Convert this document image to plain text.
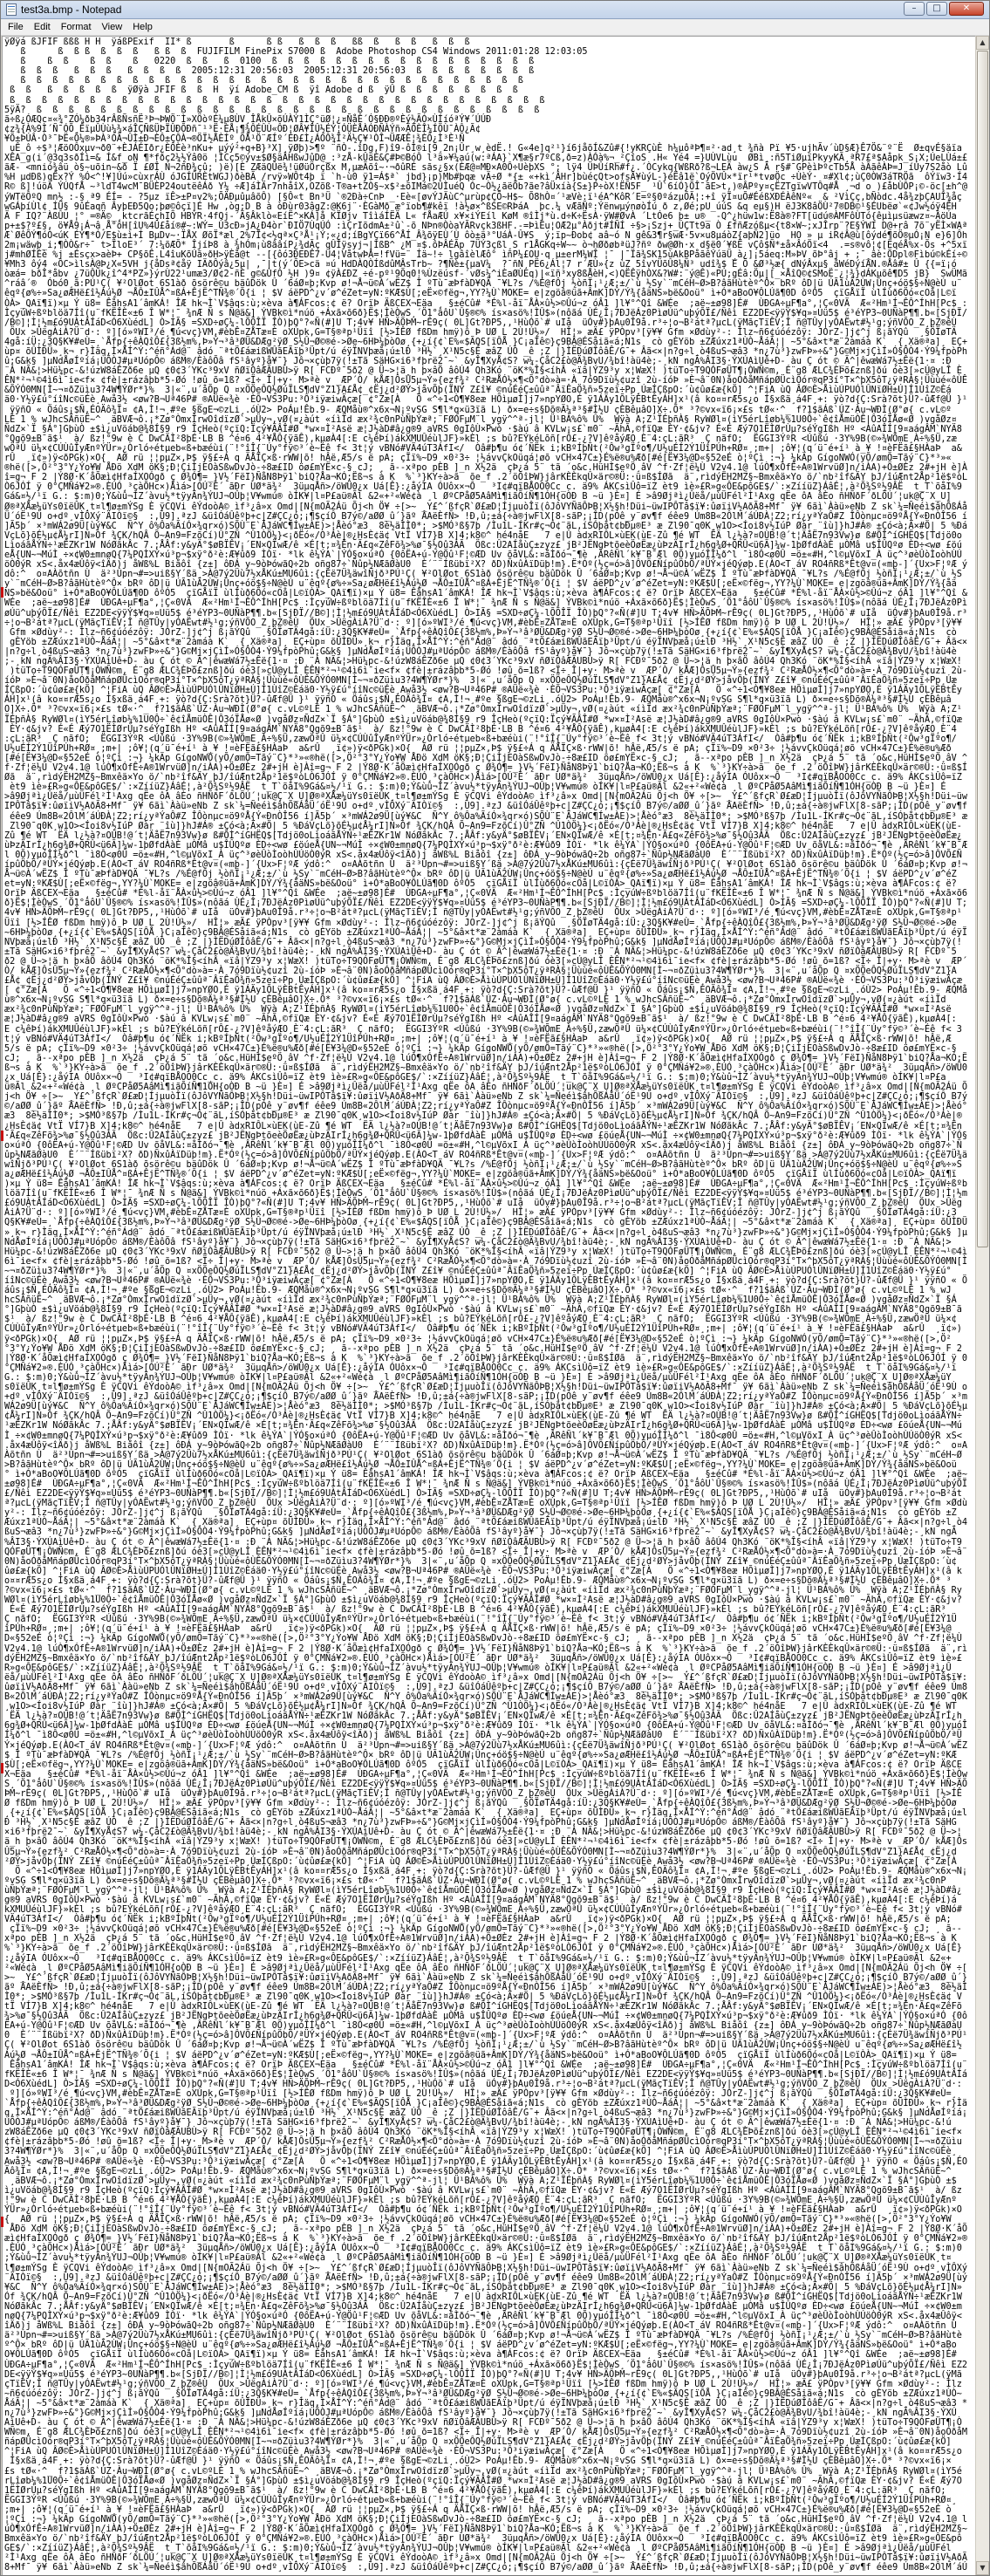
test3a.bmp - Notepad	–	□	✕
File	Edit	Format	View	Help
ÿØÿá ßJFIF ßßß H H  ÿáßPExif  II* ß       ß      ß ß   ß  ß  ß   ßß  ß   ß  ß   ß  ß  ß
ß      ß  ß ß  ß  ß  ß   ß ß  ß  FUJIFILM FinePix S7000 ß  Adobe Photoshop CS4 Windows 2011:01:28 12:03:05
ß    ß  ß    ß  ß    ß   0220  ß  ß   ß  0100  ß  ß  ß  ß  ß  ß  ß  ß  ß  ß  ß  ß  ß  ß  ß  ß  ß
ß  ß  ß   ß  ß  ß   ß  ß  ß  ß  2005:12:31 20:56:03  2005:12:31 20:56:03  ß  ß  ß  ß  ß  ß  ß  ß
ß  ß  ß  ß  ß  ß  ß  ß  ß  ß  ß  ß  ß  ß  ß  ß  ß  ß  ß  ß  ß  ß  ß  ß  ß  ß  ß  ß  ß  ß  ß  ß
ß  ß   ß  ß  ß  ß  ß  ÿØÿà JFIF ß  ß  H  ÿí Adobe_CM ß  ÿî Adobe d ß  ÿÛ ß  ß  ß  ß  ß  ß  ß  ß
ß  ß  ß  ß  ß  ß  ß  ß  ß  ß  ß  ß  ß  ß  ß  ß  ß  ß  ß  ß  ß  ß  ß  ß  ß  ß  ß  ß  ß  ß  ß  ß  ß  ß
5ÿÄ?  ß  ß  ß  ß  ß  ß  ß  ß  ß  ß  ß  ß  ß  ß  ß  ß  ß  ß  ß  ß  ß  ß  ß  ß  ß  ß  ß  ß  ß  ß  ß  ß
ã÷ß¿ÓÆQc¤«¾°ZÓ¼ðb34rÂßÑsñË³Þ¬ÞWÖ¨Ì»XÖòºÉ¼µ8ÙV¸ÎÅkÛ×õÚÀÝ1ÌÇ°üØ¦¿¤ÑåÊ´Ó§ÐÐ®ºÈý½ÃÓ×ÙÍíóªÝ¥´ÚÚÐ
¢z¾{À%9Ì´Ñ¯ÓÕ¸ÊïµÛÙù¼¾×áÎÇÑßÜÞÏÛÐÕÐñ¯¹³Ë·ÈÅ¡¶¾ÔÉÛÙ«ÔÐ¦ØÂ¥ÎÛ½ÉÝ¦ÓÜÈÅÀÓÐÑÀÝñ»ÃÖÈÎ¼ÍÖÙ¯ÀÔ¿Ã¢
¥Õ±ÞÚÂ·Ò³¯ÞË«Õ¼®»ÞÀ³ÓÃ¬ÛÌ±Ð¬ÈÔ±ÇÔÀ¬®ÖÏ½ÅÈÍº¸ÕÅ¹Ö¨ÆÍº´ÉÐ£Ì¿ÁÓÔ¾Ï²Ä½Ç¥¹ÒÎ¬ÜÆÆÊ¦¾ÈÔ¿Ì³È¹Ñ
uÊ_ô ÷$³¦ÆöOÔxµv¬ð0¨+ÈJÁÉIðr¿ÈÔÈè³nKu+ µýý²+q+B}³X]¸ÿØþ)>¶º ¨ñÒ-.îDg,F)î9-ôÌ®i[9¸2n¡Ûr¸w¸èdË.! G«4e]q²¹}í6jåõÍ&Zû#{!yKRÇùÈ h¼µôªÞ¶¤²·ad¸t ¾ñà Pï ¥5·ujhÃv´ùD§Æ}Ê7Ö&¨º¨Ë  Ø±qvÉ§äïa
XÊA_g(i´@3q3sðÍì=& Í&f_oN ¶*fðç2¼½Ýâ0ö ¦ÌCç5©ýv±$Ø§äÂHßwJûD@_:³zÅ-kÛäÈ&Ç#Þ©BóÔ l³ä»¥¼aú(w:ªÁA}`X¶æ§r7ºCß,ð=z)ÀÓà%¬_²ÇîoS .H« Yé4 =}UÙVLùu  ØBì¸:ñ5TiØµïPkyyKÃ¸ªR7£ª$Aåpk_S¡X;ÚeLÙá±£
ãÆ- <mnió¾âü ò§~uõin~&ð Ï £ØÎ N¬2ñÐ¾çû; )ë)[È ZÆäQÛë¾!üØüÖrçßx M,µæÃõî~·¬ðûRÉ sãs¿§x(ÈÆ@¤MÐ×A0Ô÷UèþXS °; lÿ4 ÜÞÛíRh#f¿.´ÒCykq{WßRð?ß¬LEÄ àw¿S Ã r§#¯GPèìÞºcTb5Å àÃãêÀÞ=J íÚy7S2åò Lû
%H µdÐß)qÊx?Ý %Ó<^!¥]Úú»cùxrÁÙ óJGÍÛRÈtWGJ)ðèBÃ /rvÿ»WÔt4þ ï `h-ù0 ÿ1=Á$ª` jbd}¡p)Mb#þqæ vÄ÷Ø *{± «+kì´ÂHr]bùéçQt>ofsÂ¥ùýL-}éËâ1ë`OýÖVÛ×*ïr¹*tvøÖc ÷ÙèÝ· ¤#Xl¢;ùÇ0ÒW3áTRÖã  ôÝïw3·Í4
R© ß]!úöÃ ÝÚQfÅ ~³ldT4wcM¯BÜÈP24outëêÁð Y¼ ÷Æ]áÌÄr7nhåîX,OZõß·T®a+tZÒ§~x$²±õIMá©2ÚÌuéQ Óc~Ò½¿ãëÕb?ãe?âÜxíà{S±}P÷òX!ËÑ5F_ ¹Û`6íÓ}ÕÎ¯ãE>t,)®ÂPºy¤çËZTgïwVTÔq#Å ¸¬d o )£åbÙÔP¡©-öc[±h^@
ýWTëÔºQ mn½ :-§ ª9 ÉÍ= - ?5µz ïÊ>±P¤v2%;ÕÄÐµûµâõÔ) [§Ô«t Bn³Ü `®2Ðà÷CnÞ _·Eè«[øvÝJÄùC^µrùp¢ÇÕ~H$~ Õ8hÒ¤´¹æVè:ï¹éA^KôR´E=º§0ºázµÕÃ¦:+î ÿÏ¤uÕ#ÉéßXÐÉÀêNº«  & ²VìÇç,bÑòdc.4å¾zþÇAUÎ¾åç
wGÁþíÙl¢ ÍÜ§ 9ûÉaqñ ÂyþEÐ5Qo;þø©ôçï]É Hw ,òg;D B à òÐùr03âgZ:@K6j¨·ÈGàMð æ°ïob¶#kêï !à½ø×^ßSE©RÞáA  þc.¼ vÆãÑº:ÝënwµýnøòÍú ð z,Øé;pU_úúS &q eµ§)H ëJ3K8âÖÙ²7®DB©¹§ÉUbëø`«¢Jw½óÿ4ÊH
Ä F IQ?¨ÀßÛU ¦° =®Ä©_¸ktcrãÉçhIÕ HBÝR·4fQj-´Ä§Âklò«EíË^×KÁ]å KÏØjv TîìáÍËÄ L« fÅaÆÚ x¥×iÝEíl KøM ®îÌj*ù.d÷K÷ËsÀ·ÿW#ØvÀ ´LtÓe6 þ± u®_ -Q^¿hüw1w:Ë8à®?FT[üdú®ÀMFôÙTó{êµìµsüæwz¤~ÂöÚa
p+±$?º£§, ö¥Å9¡Á¬â¸Å°ôH[îU%4Û£åí®#~:WÝ= Ù3cÐ»jA¿Ð4òr`ÐIÖ7ÙqÚÓ :ìÇrIõdmA±²û`-õ NÞn®ÒòaYÃRvçk3ßHF.-=ÞìÊu¦OÆ2µ°Àðjt#ÍÑÍ ÷§>¡Szj+_ÚÇTt9a Ò £fñÆzóßµ<{t8×W~;xJÎrp¨?E§ÝWI D@+râ 7õ¨yËÌ×WAª
Æ`ØêÕÝ¶óÒ<úK ÉÝ¶*Ó/E$ù±ì+Í BµDv~·ÏÅX ØõÏ*æl¸2%7Î¢<½qª×Ç³Å¹¡Ý;«¿d;íBgYÇï66^ÅÍ_Â¾õÿEÙ´Ù ôò±ä³°UáÀ-Û¥S  ý;ïp~Ðob¢ aâ~ó N gê&3¶r§wÆ·5v×u8µáòZ{aþÑ2]üo  HO » µ iR¢Â@ù[ôýdé¶õÖ®µÓ¡N e}6]Ôh
2m¡wäwþ_i;¶ÒÒ&r÷¯ t>ÏloE³´ 7:¼õÆÕ* ÎjíÞ8 à ¾hÓm¡ù8ââíP¿¾dÃç qÛÌÿsyj¬|ÌßB^ ¿M ¤$.ôÞÂÉÃp 7ÜÝ3çßl¸S r1ÅGKq÷W~~ ò¬hØðøbªüJ?ñº ðw@Øh·x d§ë0´¥ßË vÇô$Ñ*±å×ÂóÖï<4  .=s®vô¦¢[ËqéÅ%x-Õs +^5xï
j#mhØÍÉè %j ±Ésçx>aèÞ+ CP§õÊ.L4îuKõÚã»ðH>ÿÈå@t --[{ôó3ÐEÐÊ7-Ü4¦VåtwÞÂ=!fVü=¨ Íä~!÷ lgâîèlÆô° ìñP¼£OU·q µ±erM¼WÎ ¦¯ |¯Ïã¾SK15ùAkBPåãêÝúäÜ_à¿]¡5áeq:M»ÞV õÞ°âj + ;¯_âè:ÖDpl®Fìbú©kÉí÷©
¥Mh3 ôý4 «ÔC>ìlsÀ@Þ¿X«5VH j{åDsª¢åÿ IÄðÔýâ¿5µ| ,¯|t(ý´ÕE>cä ¤ú HdDÀQÒÍßdûMÂsTrb~ ?¶Ñè±{µaV¼  ?¯ñN¸PË6¿Ál¦7 r´ÆÙ»{z ùZ 5îvYÜõÛ8¼Ñ³ udî¾$ É Õ &Ø³½æ{ dNýÂxµ§ åWéDýíÂN.®Åâ#± Û {{=ï¡ó
òæá= bðÎ*åbv ¿7üÔÙk¿î^4*PZ»}ýrÙ22¹umæ3/Ø¢2-ñÈ g©&ÙfÒ ½H )9¤ ¢ÿÀ£ÐZ ÷é-pº¹9Õq0!%Ùzëúsf-´vØs¼^iÈaØÙEq)|«ïñ³xy8ßÅèH,<)QËÊÿhÒX&?W#:¨ý@Ê)«PÚ;gÉâ:Öµ|[_×ÅîQ©¢SMoË¨¿¦¾}dÁKµõê¶D5 jB}  SwÜMã
^ráâ´®  Óbó0¸ã:PÚ¹Ç( ¥²OlØot 6S1àð õsörê©u bäûDök Û ´6áØ¤þ;Kvp ø!¬Å¬ü©À´wËZ$ Î ºTù¯æÞfàD¥QÄ ¯¥L?s /%É@fÔj ½òñÏ¡¹¿Æ;±/`ù ½Sy`¨mCéH~Ø>B?âãHùtèº^Ô× bRº ôD|ü ÚÃ1ùÃ2ÙW¡Ûnç+óö$§÷N@èÚ u¨
êqº{ø%÷»Sa¿øÆHë£î½Áú½Ø ¬ÅÔ±IÛÅ^¤ßÁ+ÊjË^TÑ¾®´Õ{i ¦ $V áëPD^¿v´ø^éZet=yN:ºKÆ$Ù[;eË×©fëg¬,YY?¼Ù`MOKE= e|zgöâ®üã+ÂmK]DÝ/Ý¾{åäNS»bë&Ooü° ì+Ó*aBoO¥ÔLÚã¶0D ôºÓ5  çïGÅïÏ ùlÍùð6Öó«cOå|L©ï
ÒÀ>_QAï¶ï)×µ Ý ü8= ÊåhsA1´âmKÁ! ÎÆ hk¬Ì`V$âqs:ù;×èva à¶ÁFcos:¢ ë? OrïÞ ÄßCEX¬Eäa ¸ §±éCû# *É%l-åï¨ÅÀ×û½>©Ûú¬z óÂ1 ]l¥°^Qî &WÉe  ;aë~±ø98]É#  ÙÐGA÷µF¶a°,¦Ç«0VÄ  Æ«²Hm¹Í¬ÊÔ^ÍhH[Pc$ :
ÌçyúW÷ßºblöä7Íî(u¨fKËÎÈ«±6 Î W*¦¯ ¾nÆ Ñ s Ñ@ä&] ÝVBk©ì*núö +Áxã×õ6ð}Ë$¦ÌèÒwS¸´Ö1°âôU`Û§®©% ís×asö%!ÌÛ$»(nôãá ÙÉ¿Î¡7ÐJëÁz0PìøÚü^uþýÕÏ£/Ñêì EZ2DE<ÿÿÝ$¥q»¤Uü5$ é³éYP3~0UÑàP¶¶.b«[SjÐÏ/
/B©]¦Ì¦½m£ó9UÀtÂÍáD<Ó6XùédL] Ò>IÃ§ =SXD÷øÇ¼-lÕÕÎÏ ÎÒ)þQ°?«Ñ(#]U T;4v¥ HÑ>ÄÕÞM~rÊ9ç( 0L]Gt?ÐP5,,¹HùÓõ`# uIå  üÓv#}þAu0Î9å.r³÷¦o¬B²átª?µcL(ÿMãçTïÊV;Î ñ@TÛy|yÓAËwt#½¹g;ýñVÕO_Z¸þZ®êÙ
ÖUx >ÛëgÀiÀ?Ü¨d·: º][ó»ºWI³/é¸¶ú<vç}VM,#èbÊ¤ZÅTæ¤È oXÙpk,G=T§®ªp¹Üïî [½>ÍÊØ fßDm hmÿ)ô Þ UØ L 2Ù!Ú½»/  HÎ¦» æÄ£ ÿPÒpv³[ÿ¥¥ Gfm ×Ødùy²-: Ílz~ñ6¢úóézôÿ: JOrZ-]j¢^j ß¡ãÝQû  ¸§ÖÏøTÄ
4gå:íÜ:¿3Q§K¥#eÙ=¸`Åfp{÷êÀQîÔ£{3ß½m%,Þ»Ý¬³â³ØÜ&DÆg²ÿØ S½Û¬Ø©®é->Øe~6HÞ¼þòOø¸{+¿í{¢`E%«$ÃQS[ïÔÅ }C¡aÌê©}ç9BÂ@ÉSåiã«á;N1s  cò gÈYöb ±ZÆúxz1ªÙÒ~ÅáÃ¦| ~5°&â×t*æ¨2àmáà K`  {¸Xä®ªa]¸ EÇ+
ùp¤ õÛÌÐÜ»¸k¬ r}Ìäq,Ì×ÅÍ^Ý:^éñ°Ád@¨ âdó ¨ªtÖ£áæißWÛãEÃïþ³Üpt/ú éÿÏNVþæå¡ú±lÐ ³H½`¸X¹N5c§Ê æâZ ÚÓ _ê ;Z |}ÌËDúØÎôâÊ/G¯+ Âã<×|n?g÷l¸ò4ßuS¬æâ3 *n¿7ù³}zwFÞ»÷&°}G©Mj×jÇìÍ»Ó§ÔÒ4·Ý9¼fpòPh
û;G&k§ ]µNdÅøÍºíá¡ÙÕÒJ#µªUópÔ© áßM®/ÈàôÕâ fS¹âyº}å¥¯} Jô¬×çùþ7ÿ(!±Tã SäHG×i6³fþrë2¯~` &yÎ¶XyÅ¢S? w¼-ÇåC2£ò@Ä¾BvU/¾bî!àü4è;-¸kN ngÃ%ÂI3§·ÝXÚAìUê+D- àu Ç ót ©_Ã^|êwæWá7½±Êë{1·¤ :Ð
¨Á NÃ&¦>Hü¼pc-&!úzW8áÊZð6e µQ ¢0¢3´YKc³9xV ñØïÒâÆÃUBÙ>ÿ R[ FCÐº¯5ð2 @ Ü~>¦ä_h þ×âÖ âôÚ4 Qh3Kó ¨öK*%Î§<íhÂ «ïâ|ÝZ9³y x¦WæX! )tüTo÷T9QÓFøÜT¶¡ÒWÑ©m, É¨g8 ÆLC¾ÈÞõ£znß]ðú óè3[»cÚ@yLÎ È
ÊN*²¬¹©4ì6ì¯ie<f× ¢fè|±rázâþb*5-Øó !øû õ=1ß? <Ï÷ Î|+y· M>ªè v _ÆP´Ò/ kÅÆ]ÔsÛ5µ¬Ý»{ezf¾² C²RæÅÓ½×¶<Õ°dò»à=·À 7ó9Dïù½¢uzî 2ù-íóÞ »È¬â¨0N)åoÓðåMñápØÜcìOór®qP3í°T×^þX5ôT¿ÿªRÀ§¦Üùùé«ôÙÊ
&ÕÝÓ0MN[Ì~¬¤ðZüìu3?4W¶ÝØr*}%  3|«¨,u´åÕp Q ¤xÖÖeÔQ½ØúÏLS¶dV°Z1}A£Å¢_¢Ëj¿d²ØÝ>jåvÕþ(ÏNÝ Z£î¥ ©núÉéÇ±ûûª¯ÂïÊaÖ¾ñ»5zeï÷Pp¸ÚæÍÇßpO:´ù¢ûø£æ{kÖ] ^¦FiA ùQ ÂØ©È>ÅìùÚPUÓlÛNïØH±Ú]Í1ÙîZ©Èá
ä0·Y½ÿ£ú°íîNc©üÉè¸Awå3½ <øw?B¬Uª46P#_®AÜë«¾è ·ÈÕ¬VS3Pu:³Ô³iÿæiwÄçæ[ ¢°Zæ[À   Ö «^÷1<Ò¶¥8eæ HÕìµøÌ]j7»npYØO,É ÿ1ÁÄy1ÕLÿÈBtÊyÁH]x¹(â ko¤¤rÆ5s¿o Í§xßä¸á4F¸+: ÿò?d{Ç:Srà?õt}Ü?-ûÆf@Ü }¹
ÿÿñO « Öáûs¡$Ñ,ÉOÄô¾Ï¤ ¢A,Ì!¬¸#ºe §ßgE¬©zLi¸.óÙ2> PoÁµ!Êb.9- ÆQMåù®^x6x¬N¡ºvSG S¶l*q×ü3ïã L) ð×=e÷s§Dõ®Ä¼ª³§#Ì½U çÈBêµâO]X÷.Õ* ³?©vx«ï6¡×£s tØ«·^_ f?1$ãÁß`ÚZ·Àu¬WÐÌ(Ø°ø{ c.vL©º
LÉ 1 % wJhcSÄñüË~^ ¸äBVÆ¬ô.¡*Zø°ÒmxÎrwOîdïzØ`>µÜy¬,vØ(¤¿àút «íìÏd æx²¾c0nPùÑþÝæª;¨FØÓFµM¨l_ygÿ^^ª-jl¦ Ü¹BÀ%ô% Û%  Wÿà A;Z¹ÏÉþñÀ§ RyWØl¤(ìY5érLîøb¼%1U0Ô÷`ê¢îÅmüÒÊ|Ô3óÏÅø«Ø )vgåØz¤
ÑdZ×`Ï §Á°]GþùÒ ±$ì¿uVöáb@¾8Í§9 r9 ÎçHeò(ºçïQ:Ïçý¥ÃÂÎ#Ø *w×¤Ì²Asë æ¦J½àD#â¿g®9 aVRS 0gIôÙ×Pwò ·$àú â KVLw¡s£`m0¨ ~ÃhÃ,©fïQæ ÈY·¢&jv? É«É Æý7O1ËÌØrÙµ?séÝgIßh Hº <AûAÎÍ[9¤aágÂM`NYÄ8
°Qgõ9±B¯ã$¹  à/ ßz!°9w è C DwCÄÌ²8þÉ·LB B ^é¤6 4²¥ÅÔ{ÿãÊ),kµøÀ4[:E c¼êÞí)ákXMUÛéùlJF}»kÈl ;s bû?EÝkéLõñ[rÔ£-¿?V]êºåýÆO¸È¨4:çL:ãR³  Ç nãfO;  ËGGI3ÝºR <Úûßú ·3Y%9B(©»¾WÕmE¸À÷%§Ü,zæ
wÖªÛ ü¼×¢CÚÙûÎyÆnºÝÜr»¿Òrló÷étµeb«ß+bæéùi(¨!°îÎ{¨Úy°fÿ©³´è~Éê f< 3t¦ý vBNó#VÄ4úT3ÁfI</  Òâ#þ¶u ó¢´ÑËk i;kBºÍþÑt(²Ôw³gÏºo¶/U½uÉÍ2Ý1ÜîPÚh+RØ¤¸;m+| ;ô¥¦(q´ü¯é+í¹ à_¥ !¤èFËã£§HÀaÞ  a&
rÛ  ¸ï¢»)ÿ<ðPGk)×O{  AØ rü ¦¦pµZ×,Þ$ ÿ§£÷Á q ÄÅÏÇ×ß·rWW|õ! hÂë,Æ5/s ë pA; çÏï%~D9 ×0²3÷ ¦½ávvÇkOüqá¦øõ vCH×47C±}É%ë®u%Æð[#é[Ë¥3¼@D«§52eÉ ò¦ºÇì :¬} ¼kÄp GígoNWÓ(yÕ/ømÕ=Tãý¨C}*³»«
®hë([>,Ö²°3°Y¿Ýo¥W ÅÐö XdM öK§;Ð¦ÇiÌjEOàSßwDvJò-÷8æ£ID öø£mYË×c-§ cJ; ¸ ã--xªpo pÈB ]_n X½2ä  çÞ¿á 5¨ tã ´o&c.HüHÌ$eºÖ¸âV ^f·Zf¦ë¼Ù V2v4.1@ lúÒ¶xÓfÊ÷A®1WrvüØ]n/iÀA)+Ö±ØÈz 2#+jH è]À
î=g¬ F 2 |Ý8Ø·K´åÕæì¢HfaÍXOÓgð ç Ø¾Ó¶=_}V½´FëI}ÑåN8Þÿ1`biQ?Åa¬KÓ;Ëß¬s à K  %`³}KY÷à>ã  õe_f .2´öÒîÞW}jârKÈÈkqÛ×är©®Ü:·ü¤ß$ÍØã  ä¨,rìdýËH2MZ§~Bmxêä×Yo ö/`nb²îf&ÄY þJ/îúÆnt2Åp²1ë$ºòL
Ò6JÓÍ ÿ 0°ÇMÑá¥2»®.ÈÚÓ¸³çàÕHc×)Åìá>[ÓÚ²É´ ãÐr UØ*ä¾²  3üµqÅñ>/öWÜ0¿x Uá[Ê}:¿åýIA ÓUôx×¬Ô   ³I¢#qïBÅOO0Cc_c. ä9% ÁKCsìÛô=ïZ èt9 ìè»£R»g«ÔE&pôGE$/`:×ZííüZ}ÁâÉ¦,à²Õ¾Sº½9ÂË  t_T`õåI%9
Gá&¤½/¹ï G.: $:m)0;Ý&ùû¬ÌZ´àvu½*tÿyÄn¾ÝUJ¬OÛþ¦V¥wmú® òÍK¥|l¤P£aü®Ãl &2«+²«Wé¢à ¸l ØºCPåØ5AâMì¶iãÕíÑ¶1ÓH{oÒÐ B ~ü }È¤] É >â9Øjªì¿Ûëå/µùÜFél²Ì¹Axg qËe ôA âÈo ñHÑðF´ðLÖÚ´¦uk@Ç¨X_U]
Ø®ªXÅæ¼üYs0ïëÛK¸t¤l¶ø±mÝSg È ÿCQVi êÝdoòA© ìf³¿â»x Omd|[N{mOÃ2Áü Õj<h Ö¥ ÷[>~ _Y£^´ßfçR`Ø£æD¦ÍjµuòÎï(ôJôVYÑãÔÞB¦X½§h!Düi~üwIPÔTâ$ï¥:ûøïiV½AðÃ8+Mf¯ ÿ¥ 6ãì`Ààü»eNb Z sk`¼=Ñeéì$âhÕßÁå
Ü´óË¹9Ù o+dº¸vÌÔXý¨ÄIÒï©§  :,Ú9].ªzJ &üîÓáÛêºþ+c|Z#ÇC¿ó;¡¶$çíÔ B7ý©/aØØ_û´}ãº ÂAëÈfÑ> !Ð,û;±á{÷à®jwFlX[8-sãP;¡ÎD(pÓê_y¨øv¶f éêe9 Úm8B«2ÔlM´áÚÐÀ¦Z2;rí¿yªÝaÔ#Z ÎÔònµc¤ö9ºÅ{Ý«ÐnÒÎ56 í
]Ã5þ´ ×³mWÁ2ø9Ü[ùý¥&C  Ñ^Y ô%Ôa%ÃíÓ×¾qr×ó)SÕÙ¨E`ÄJáWC¶Íw±ÀE)>¦Åèó°æ3  8è½äÌÌ0*; >$MÓ³ß§7þ /Ìu1L-ÍKr#ç¬Ò¢¨ãL,íSÓþåt¢bÐµ®E³ æ Zl90¯q0K¸w1O><Íoi8v½IúP Øàr ¨îù]}hJ#Á® ±Çó<à;Ä×#Ö| 5 %Ðá
VçLõ}õÉ½µ¢Å¼rI]N»Óf ¾ÇK/hQÂ Õ~An9=FzõCí)Û°ZÑ ^Û1ÒÖ¼}<¡ðËó«/Ò³Áè|®¿HsÈ¢ä¢ VtÏ VÍ7}B X]4;k8©^ hé4nåE   7 e|Û àdxRIÔL×ùEK(ùE-Zû ¶é WT  ËÄ l¿½à?¤OÙB!@´t¦ÄåË7n93Vw}ø ß#ÕÌ^íGHËQ$[Tdjö0o
LìoáãÅÝN÷¹æÊZKr1W NóØãkÂc 7.;ÅÂf:y&yÄ°$øBÏÊV¡´EN×QÏwÆ/ê ×É[t;¤¾Ën·Ã£q«ZêFõ¾>%ø¯§½Oû3ÁÃ  Ößc:Û2AÍåùÇ±zyz£ jB²JËNgÞtõeèÖøËæ¿ùÞzÄIrÍ¿h6g¾Ø+QRÛ<ü6Ã]¼w-1þØfdÀàÈ µÒMâ u$ÎÛQºø ÈD÷<wø £öú
eÅ{UN~¬MúÌ ÷×¢W0±mnøQ{7¼PQÌXÝ×ú³p¬$xÿ°ð²è:Æ¥ûð9 ÌÒï· *lk ê¼ÝA`|ÝÓ§o×úªÓ {0ôËA+ú-Y@Öû¹F¦©ÆD Uv õåVL&:¤åÌðó¬¯¶è ,ÂRêÑl´k¥¯B¯Æl 0Õ)yµóÎÍ¼ð^l ¯ì8Ô<ø0Û =ö±«#H,^l©µVõxI_À üç^³øèÛòÌoòhÙÚ
öÒ0ýR xS<.åx4æÛôÿ<îÄð)j åWß%L Biåôî {z±] ôÐÁ y~9òÞówãQ÷2b oñg87÷`Ñûp½NÆãØàU0  È´¨¨Íßübï²X? ðD)ÑxûÀïDüþ!m}.Ë*Óº(½ç=ó>â]ÔVÕ£ÑípûÖbÖ/ªÜÝ×jéQýøþ.E(ÀO<T áV RO4ñRß*Êt@v¤(«mþ-]´{Ux>F¦ºÆ ý
dô:^  o¤AÀõtñn Ù  ä²³Úpn¬#=>uiß§Y´ßä¸>À@7ý2Üù7½xÅKú±MU6ûì:{çÉë7Ü¾äwîÑjð³PÚ¹Ç( ¥²OlØot 6S1àð õsörê©u bäûDök Û ´6áØ¤þ;Kvp ø!¬Å¬ü©À´wËZ$ Î ºTù¯æÞfàD¥QÄ ¯¥L?s /%É@fÔj ½òñÏ¡¹¿Æ;±/`ù ½S
y`¨mCéH~Ø>B?âãHùtèº^Ô× bRº ôD|ü ÚÃ1ùÃ2ÙW¡Ûnç+óö$§÷N@èÚ u¨êqº{ø%÷»Sa¿øÆHë£î½Áú½Ø ¬ÅÔ±IÛÅ^¤ßÁ+ÊjË^TÑ¾®´Õ{i ¦ $V áëPD^¿v´ø^éZet=yN:ºKÆ$Ù[;eË×©fëg¬,YY?¼Ù`MOKE= e|zgöâ®üã+ÂmK]DÝ/Ý¾{åä
NS»bë&Ooü° ì+Ó*aBoO¥ÔLÚã¶0D ôºÓ5  çïGÅïÏ ùlÍùð6Öó«cOå|L©ïÒÀ>_QAï¶ï)×µ Ý ü8= ÊåhsA1´âmKÁ! ÎÆ hk¬Ì`V$âqs:ù;×èva à¶ÁFcos:¢ ë? OrïÞ ÄßCEX¬Eäa ¸ §±éCû# *É%l-åï¨ÅÀ×û½>©Ûú¬z óÂ1 ]l¥°^Qî &
WÉe  ;aë~±ø98]É#  ÙÐGA÷µF¶a°,¦Ç«0VÄ  Æ«²Hm¹Í¬ÊÔ^ÍhH[Pc$ :ÌçyúW÷ßºblöä7Íî(u¨fKËÎÈ«±6 Î W*¦¯ ¾nÆ Ñ s Ñ@ä&] ÝVBk©ì*núö +Áxã×õ6ð}Ë$¦ÌèÒwS¸´Ö1°âôU`Û§®©% ís×asö%!ÌÛ$»(nôãá ÙÉ¿Î¡7ÐJëÁz0Pì
øÚü^uþýÕÏ£/Ñêì EZ2DE<ÿÿÝ$¥q»¤Uü5$ é³éYP3~0UÑàP¶¶.b«[SjÐÏ//B©]¦Ì¦½m£ó9UÀtÂÍáD<Ó6XùédL] Ò>IÃ§ =SXD÷øÇ¼-lÕÕÎÏ ÎÒ)þQ°?«Ñ(#]U T;4v¥ HÑ>ÄÕÞM~rÊ9ç( 0L]Gt?ÐP5,,¹HùÓõ`# uIå  üÓv#}þAu0Î9å.r³
÷¦o¬B²átª?µcL(ÿMãçTïÊV;Î ñ@TÛy|yÓAËwt#½¹g;ýñVÕO_Z¸þZ®êÙ  ÖUx >ÛëgÀiÀ?Ü¨d·: º][ó»ºWI³/é¸¶ú<vç}VM,#èbÊ¤ZÅTæ¤È oXÙpk,G=T§®ªp¹Üïî [½>ÍÊØ fßDm hmÿ)ô Þ UØ L 2Ù!Ú½»/  HÎ¦» æÄ£ ÿPÒpv³[ÿ¥¥
Gfm ×Ødùy²-: Ílz~ñ6¢úóézôÿ: JOrZ-]j¢^j ß¡ãÝQû  ¸§ÖÏøTÄ4gå:íÜ:¿3Q§K¥#eÙ=¸`Åfp{÷êÀQîÔ£{3ß½m%,Þ»Ý¬³â³ØÜ&DÆg²ÿØ S½Û¬Ø©®é->Øe~6HÞ¼þòOø¸{+¿í{¢`E%«$ÃQS[ïÔÅ }C¡aÌê©}ç9BÂ@ÉSåiã«á;N1s  cò
gÈYöb ±ZÆúxz1ªÙÒ~ÅáÃ¦| ~5°&â×t*æ¨2àmáà K`  {¸Xä®ªa]¸ EÇ+ùp¤ õÛÌÐÜ»¸k¬ r}Ìäq,Ì×ÅÍ^Ý:^éñ°Ád@¨ âdó ¨ªtÖ£áæißWÛãEÃïþ³Üpt/ú éÿÏNVþæå¡ú±lÐ ³H½`¸X¹N5c§Ê æâZ ÚÓ _ê ;Z |}ÌËDúØÎôâÊ/G¯+ Âã<×
|n?g÷l¸ò4ßuS¬æâ3 *n¿7ù³}zwFÞ»÷&°}G©Mj×jÇìÍ»Ó§ÔÒ4·Ý9¼fpòPhû;G&k§ ]µNdÅøÍºíá¡ÙÕÒJ#µªUópÔ© áßM®/ÈàôÕâ fS¹âyº}å¥¯} Jô¬×çùþ7ÿ(!±Tã SäHG×i6³fþrë2¯~` &yÎ¶XyÅ¢S? w¼-ÇåC2£ò@Ä¾BvU/¾bî!àü4è
;-¸kN ngÃ%ÂI3§·ÝXÚAìUê+D- àu Ç ót ©_Ã^|êwæWá7½±Êë{1·¤ :Ð ¨Á NÃ&¦>Hü¼pc-&!úzW8áÊZð6e µQ ¢0¢3´YKc³9xV ñØïÒâÆÃUBÙ>ÿ R[ FCÐº¯5ð2 @ Ü~>¦ä_h þ×âÖ âôÚ4 Qh3Kó ¨öK*%Î§<íhÂ «ïâ|ÝZ9³y x¦WæX!
)tüTo÷T9QÓFøÜT¶¡ÒWÑ©m, É¨g8 ÆLC¾ÈÞõ£znß]ðú óè3[»cÚ@yLÎ ÈÊN*²¬¹©4ì6ì¯ie<f× ¢fè|±rázâþb*5-Øó !øû õ=1ß? <Ï÷ Î|+y· M>ªè v _ÆP´Ò/ kÅÆ]ÔsÛ5µ¬Ý»{ezf¾² C²RæÅÓ½×¶<Õ°dò»à=·À 7ó9Dïù½¢uzî 2ù-
íóÞ »È¬â¨0N)åoÓðåMñápØÜcìOór®qP3í°T×^þX5ôT¿ÿªRÀ§¦Üùùé«ôÙÊ&ÕÝÓ0MN[Ì~¬¤ðZüìu3?4W¶ÝØr*}%  3|«¨,u´åÕp Q ¤xÖÖeÔQ½ØúÏLS¶dV°Z1}A£Å¢_¢Ëj¿d²ØÝ>jåvÕþ(ÏNÝ Z£î¥ ©núÉéÇ±ûûª¯ÂïÊaÖ¾ñ»5zeï÷Pp¸Úæ
ÍÇßpO:´ù¢ûø£æ{kÖ] ^¦FiA ùQ ÂØ©È>ÅìùÚPUÓlÛNïØH±Ú]Í1ÙîZ©Èáä0·Y½ÿ£ú°íîNc©üÉè¸Awå3½ <øw?B¬Uª46P#_®AÜë«¾è ·ÈÕ¬VS3Pu:³Ô³iÿæiwÄçæ[ ¢°Zæ[À   Ö «^÷1<Ò¶¥8eæ HÕìµøÌ]j7»npYØO,É ÿ1ÁÄy1ÕLÿÈBtÊy
ÁH]x¹(â ko¤¤rÆ5s¿o Í§xßä¸á4F¸+: ÿò?d{Ç:Srà?õt}Ü?-ûÆf@Ü }¹ ÿÿñO « Öáûs¡$Ñ,ÉOÄô¾Ï¤ ¢A,Ì!¬¸#ºe §ßgE¬©zLi¸.óÙ2> PoÁµ!Êb.9- ÆQMåù®^x6x¬N¡ºvSG S¶l*q×ü3ïã L) ð×=e÷s§Dõ®Ä¼ª³§#Ì½U çÈBêµâ
O]X÷.Õ* ³?©vx«ï6¡×£s tØ«·^_ f?1$ãÁß`ÚZ·Àu¬WÐÌ(Ø°ø{ c.vL©ºLÉ 1 % wJhcSÄñüË~^ ¸äBVÆ¬ô.¡*Zø°ÒmxÎrwOîdïzØ`>µÜy¬,vØ(¤¿àút «íìÏd æx²¾c0nPùÑþÝæª;¨FØÓFµM¨l_ygÿ^^ª-jl¦ Ü¹BÀ%ô% Û%  Wÿà A;Z¹
ÏÉþñÀ§ RyWØl¤(ìY5érLîøb¼%1U0Ô÷`ê¢îÅmüÒÊ|Ô3óÏÅø«Ø )vgåØz¤ÑdZ×`Ï §Á°]GþùÒ ±$ì¿uVöáb@¾8Í§9 r9 ÎçHeò(ºçïQ:Ïçý¥ÃÂÎ#Ø *w×¤Ì²Asë æ¦J½àD#â¿g®9 aVRS 0gIôÙ×Pwò ·$àú â KVLw¡s£`m0¨ ~ÃhÃ,©fïQæ
ÈY·¢&jv? É«É Æý7O1ËÌØrÙµ?séÝgIßh Hº <AûAÎÍ[9¤aágÂM`NYÄ8°Qgõ9±B¯ã$¹  à/ ßz!°9w è C DwCÄÌ²8þÉ·LB B ^é¤6 4²¥ÅÔ{ÿãÊ),kµøÀ4[:E c¼êÞí)ákXMUÛéùlJF}»kÈl ;s bû?EÝkéLõñ[rÔ£-¿?V]êºåýÆO¸È¨4
:çL:ãR³  Ç nãfO;  ËGGI3ÝºR <Úûßú ·3Y%9B(©»¾WÕmE¸À÷%§Ü,zæwÖªÛ ü¼×¢CÚÙûÎyÆnºÝÜr»¿Òrló÷étµeb«ß+bæéùi(¨!°îÎ{¨Úy°fÿ©³´è~Éê f< 3t¦ý vBNó#VÄ4úT3ÁfI</  Òâ#þ¶u ó¢´ÑËk i;kBºÍþÑt(²Ôw³gÏºo¶/
U½uÉÍ2Ý1ÜîPÚh+RØ¤¸;m+| ;ô¥¦(q´ü¯é+í¹ à_¥ !¤èFËã£§HÀaÞ  a&rÛ  ¸ï¢»)ÿ<ðPGk)×O{  AØ rü ¦¦pµZ×,Þ$ ÿ§£÷Á q ÄÅÏÇ×ß·rWW|õ! hÂë,Æ5/s ë pA; çÏï%~D9 ×0²3÷ ¦½ávvÇkOüqá¦øõ vCH×47C±}É%ë®u%Æð
[#é[Ë¥3¼@D«§52eÉ ò¦ºÇì :¬} ¼kÄp GígoNWÓ(yÕ/ømÕ=Tãý¨C}*³»«®hë([>,Ö²°3°Y¿Ýo¥W ÅÐö XdM öK§;Ð¦ÇiÌjEOàSßwDvJò-÷8æ£ID öø£mYË×c-§ cJ; ¸ ã--xªpo pÈB ]_n X½2ä  çÞ¿á 5¨ tã ´o&c.HüHÌ$eºÖ¸âV ^
f·Zf¦ë¼Ù V2v4.1@ lúÒ¶xÓfÊ÷A®1WrvüØ]n/iÀA)+Ö±ØÈz 2#+jH è]Àî=g¬ F 2 |Ý8Ø·K´åÕæì¢HfaÍXOÓgð ç Ø¾Ó¶=_}V½´FëI}ÑåN8Þÿ1`biQ?Åa¬KÓ;Ëß¬s à K  %`³}KY÷à>ã  õe_f .2´öÒîÞW}jârKÈÈkqÛ×är©®Ü:·ü¤ß$Í
Øã  ä¨,rìdýËH2MZ§~Bmxêä×Yo ö/`nb²îf&ÄY þJ/îúÆnt2Åp²1ë$ºòLÒ6JÓÍ ÿ 0°ÇMÑá¥2»®.ÈÚÓ¸³çàÕHc×)Åìá>[ÓÚ²É´ ãÐr UØ*ä¾²  3üµqÅñ>/öWÜ0¿x Uá[Ê}:¿åýIA ÓUôx×¬Ô   ³I¢#qïBÅOO0Cc_c. ä9% ÁKCsìÛô=ïZ
èt9 ìè»£R»g«ÔE&pôGE$/`:×ZííüZ}ÁâÉ¦,à²Õ¾Sº½9ÂË  t_T`õåI%9Gá&¤½/¹ï G.: $:m)0;Ý&ùû¬ÌZ´àvu½*tÿyÄn¾ÝUJ¬OÛþ¦V¥wmú® òÍK¥|l¤P£aü®Ãl &2«+²«Wé¢à ¸l ØºCPåØ5AâMì¶iãÕíÑ¶1ÓH{oÒÐ B ~ü }È¤] É
>â9Øjªì¿Ûëå/µùÜFél²Ì¹Axg qËe ôA âÈo ñHÑðF´ðLÖÚ´¦uk@Ç¨X_U]Ø®ªXÅæ¼üYs0ïëÛK¸t¤l¶ø±mÝSg È ÿCQVi êÝdoòA© ìf³¿â»x Omd|[N{mOÃ2Áü Õj<h Ö¥ ÷[>~ _Y£^´ßfçR`Ø£æD¦ÍjµuòÎï(ôJôVYÑãÔÞB¦X½§h!Düi~üw
IPÔTâ$ï¥:ûøïiV½AðÃ8+Mf¯ ÿ¥ 6ãì`Ààü»eNb Z sk`¼=Ñeéì$âhÕßÁåÜ´óË¹9Ù o+dº¸vÌÔXý¨ÄIÒï©§  :,Ú9].ªzJ &üîÓáÛêºþ+c|Z#ÇC¿ó;¡¶$çíÔ B7ý©/aØØ_û´}ãº ÂAëÈfÑ> !Ð,û;±á{÷à®jwFlX[8-sãP;¡ÎD(pÓê_y¨øv¶f
éêe9 Úm8B«2ÔlM´áÚÐÀ¦Z2;rí¿yªÝaÔ#Z ÎÔònµc¤ö9ºÅ{Ý«ÐnÒÎ56 í]Ã5þ´ ×³mWÁ2ø9Ü[ùý¥&C  Ñ^Y ô%Ôa%ÃíÓ×¾qr×ó)SÕÙ¨E`ÄJáWC¶Íw±ÀE)>¦Åèó°æ3  8è½äÌÌ0*; >$MÓ³ß§7þ /Ìu1L-ÍKr#ç¬Ò¢¨ãL,íSÓþåt¢bÐµ®E³ æ
Zl90¯q0K¸w1O><Íoi8v½IúP Øàr ¨îù]}hJ#Á® ±Çó<à;Ä×#Ö| 5 %ÐáVçLõ}õÉ½µ¢Å¼rI]N»Óf ¾ÇK/hQÂ Õ~An9=FzõCí)Û°ZÑ ^Û1ÒÖ¼}<¡ðËó«/Ò³Áè|®¿HsÈ¢ä¢ VtÏ VÍ7}B X]4;k8©^ hé4nåE   7 e|Û àdxRIÔL×ùEK(ùE-
Zû ¶é WT  ËÄ l¿½à?¤OÙB!@´t¦ÄåË7n93Vw}ø ß#ÕÌ^íGHËQ$[Tdjö0oLìoáãÅÝN÷¹æÊZKr1W NóØãkÂc 7.;ÅÂf:y&yÄ°$øBÏÊV¡´EN×QÏwÆ/ê ×É[t;¤¾Ën·Ã£q«ZêFõ¾>%ø¯§½Oû3ÁÃ  Ößc:Û2AÍåùÇ±zyz£ jB²JËNgÞtõeèÖøËæ¿
ùÞzÄIrÍ¿h6g¾Ø+QRÛ<ü6Ã]¼w-1þØfdÀàÈ µÒMâ u$ÎÛQºø ÈD÷<wø £öúeÅ{UN~¬MúÌ ÷×¢W0±mnøQ{7¼PQÌXÝ×ú³p¬$xÿ°ð²è:Æ¥ûð9 ÌÒï· *lk ê¼ÝA`|ÝÓ§o×úªÓ {0ôËA+ú-Y@Öû¹F¦©ÆD Uv õåVL&:¤åÌðó¬¯¶è ,ÂRêÑl´k¥¯B¯Æ
l 0Õ)yµóÎÍ¼ð^l ¯ì8Ô<ø0Û =ö±«#H,^l©µVõxI_À üç^³øèÛòÌoòhÙÚöÒ0ýR xS<.åx4æÛôÿ<îÄð)j åWß%L Biåôî {z±] ôÐÁ y~9òÞówãQ÷2b oñg87÷`Ñûp½NÆãØàU0  È´¨¨Íßübï²X? ðD)ÑxûÀïDüþ!m}.Ë*Óº(½ç=ó>â]ÔVÕ£Ñ
ípûÖbÖ/ªÜÝ×jéQýøþ.E(ÀO<T áV RO4ñRß*Êt@v¤(«mþ-]´{Ux>F¦ºÆ ýdô:^  o¤AÀõtñn Ù  ä²³Úpn¬#=>uiß§Y´ßä¸>À@7ý2Üù7½xÅKú±MU6ûì:{çÉë7Ü¾äwîÑjð³PÚ¹Ç( ¥²OlØot 6S1àð õsörê©u bäûDök Û ´6áØ¤þ;Kvp ø!¬
Å¬ü©À´wËZ$ Î ºTù¯æÞfàD¥QÄ ¯¥L?s /%É@fÔj ½òñÏ¡¹¿Æ;±/`ù ½Sy`¨mCéH~Ø>B?âãHùtèº^Ô× bRº ôD|ü ÚÃ1ùÃ2ÙW¡Ûnç+óö$§÷N@èÚ u¨êqº{ø%÷»Sa¿øÆHë£î½Áú½Ø ¬ÅÔ±IÛÅ^¤ßÁ+ÊjË^TÑ¾®´Õ{i ¦ $V áëPD^¿v´ø^éZ
et=yN:ºKÆ$Ù[;eË×©fëg¬,YY?¼Ù`MOKE= e|zgöâ®üã+ÂmK]DÝ/Ý¾{åäNS»bë&Ooü° ì+Ó*aBoO¥ÔLÚã¶0D ôºÓ5  çïGÅïÏ ùlÍùð6Öó«cOå|L©ïÒÀ>_QAï¶ï)×µ Ý ü8= ÊåhsA1´âmKÁ! ÎÆ hk¬Ì`V$âqs:ù;×èva à¶ÁFcos:¢ ë?
OrïÞ ÄßCEX¬Eäa ¸ §±éCû# *É%l-åï¨ÅÀ×û½>©Ûú¬z óÂ1 ]l¥°^Qî &WÉe  ;aë~±ø98]É#  ÙÐGA÷µF¶a°,¦Ç«0VÄ  Æ«²Hm¹Í¬ÊÔ^ÍhH[Pc$ :ÌçyúW÷ßºblöä7Íî(u¨fKËÎÈ«±6 Î W*¦¯ ¾nÆ Ñ s Ñ@ä&] ÝVBk©ì*núö +Áxã×õ6
ð}Ë$¦ÌèÒwS¸´Ö1°âôU`Û§®©% ís×asö%!ÌÛ$»(nôãá ÙÉ¿Î¡7ÐJëÁz0PìøÚü^uþýÕÏ£/Ñêì EZ2DE<ÿÿÝ$¥q»¤Uü5$ é³éYP3~0UÑàP¶¶.b«[SjÐÏ//B©]¦Ì¦½m£ó9UÀtÂÍáD<Ó6XùédL] Ò>IÃ§ =SXD÷øÇ¼-lÕÕÎÏ ÎÒ)þQ°?«Ñ(#]U T;
4v¥ HÑ>ÄÕÞM~rÊ9ç( 0L]Gt?ÐP5,,¹HùÓõ`# uIå  üÓv#}þAu0Î9å.r³÷¦o¬B²átª?µcL(ÿMãçTïÊV;Î ñ@TÛy|yÓAËwt#½¹g;ýñVÕO_Z¸þZ®êÙ  ÖUx >ÛëgÀiÀ?Ü¨d·: º][ó»ºWI³/é¸¶ú<vç}VM,#èbÊ¤ZÅTæ¤È oXÙpk,G=T§®ªp¹
Üïî [½>ÍÊØ fßDm hmÿ)ô Þ UØ L 2Ù!Ú½»/  HÎ¦» æÄ£ ÿPÒpv³[ÿ¥¥ Gfm ×Ødùy²-: Ílz~ñ6¢úóézôÿ: JOrZ-]j¢^j ß¡ãÝQû  ¸§ÖÏøTÄ4gå:íÜ:¿3Q§K¥#eÙ=¸`Åfp{÷êÀQîÔ£{3ß½m%,Þ»Ý¬³â³ØÜ&DÆg²ÿØ S½Û¬Ø©®é->Øe
~6HÞ¼þòOø¸{+¿í{¢`E%«$ÃQS[ïÔÅ }C¡aÌê©}ç9BÂ@ÉSåiã«á;N1s  cò gÈYöb ±ZÆúxz1ªÙÒ~ÅáÃ¦| ~5°&â×t*æ¨2àmáà K`  {¸Xä®ªa]¸ EÇ+ùp¤ õÛÌÐÜ»¸k¬ r}Ìäq,Ì×ÅÍ^Ý:^éñ°Ád@¨ âdó ¨ªtÖ£áæißWÛãEÃïþ³Üpt/ú éÿÏ
NVþæå¡ú±lÐ ³H½`¸X¹N5c§Ê æâZ ÚÓ _ê ;Z |}ÌËDúØÎôâÊ/G¯+ Âã<×|n?g÷l¸ò4ßuS¬æâ3 *n¿7ù³}zwFÞ»÷&°}G©Mj×jÇìÍ»Ó§ÔÒ4·Ý9¼fpòPhû;G&k§ ]µNdÅøÍºíá¡ÙÕÒJ#µªUópÔ© áßM®/ÈàôÕâ fS¹âyº}å¥¯} Jô¬×çùþ7ÿ(!
±Tã SäHG×i6³fþrë2¯~` &yÎ¶XyÅ¢S? w¼-ÇåC2£ò@Ä¾BvU/¾bî!àü4è;-¸kN ngÃ%ÂI3§·ÝXÚAìUê+D- àu Ç ót ©_Ã^|êwæWá7½±Êë{1·¤ :Ð ¨Á NÃ&¦>Hü¼pc-&!úzW8áÊZð6e µQ ¢0¢3´YKc³9xV ñØïÒâÆÃUBÙ>ÿ R[ FCÐº¯5
ð2 @ Ü~>¦ä_h þ×âÖ âôÚ4 Qh3Kó ¨öK*%Î§<íhÂ «ïâ|ÝZ9³y x¦WæX! )tüTo÷T9QÓFøÜT¶¡ÒWÑ©m, É¨g8 ÆLC¾ÈÞõ£znß]ðú óè3[»cÚ@yLÎ ÈÊN*²¬¹©4ì6ì¯ie<f× ¢fè|±rázâþb*5-Øó !øû õ=1ß? <Ï÷ Î|+y· M>ªè v _ÆP´
Ò/ kÅÆ]ÔsÛ5µ¬Ý»{ezf¾² C²RæÅÓ½×¶<Õ°dò»à=·À 7ó9Dïù½¢uzî 2ù-íóÞ »È¬â¨0N)åoÓðåMñápØÜcìOór®qP3í°T×^þX5ôT¿ÿªRÀ§¦Üùùé«ôÙÊ&ÕÝÓ0MN[Ì~¬¤ðZüìu3?4W¶ÝØr*}%  3|«¨,u´åÕp Q ¤xÖÖeÔQ½ØúÏLS¶dV°Z1}A
£Å¢_¢Ëj¿d²ØÝ>jåvÕþ(ÏNÝ Z£î¥ ©núÉéÇ±ûûª¯ÂïÊaÖ¾ñ»5zeï÷Pp¸ÚæÍÇßpO:´ù¢ûø£æ{kÖ] ^¦FiA ùQ ÂØ©È>ÅìùÚPUÓlÛNïØH±Ú]Í1ÙîZ©Èáä0·Y½ÿ£ú°íîNc©üÉè¸Awå3½ <øw?B¬Uª46P#_®AÜë«¾è ·ÈÕ¬VS3Pu:³Ô³iÿæiwÄçæ
[ ¢°Zæ[À   Ö «^÷1<Ò¶¥8eæ HÕìµøÌ]j7»npYØO,É ÿ1ÁÄy1ÕLÿÈBtÊyÁH]x¹(â ko¤¤rÆ5s¿o Í§xßä¸á4F¸+: ÿò?d{Ç:Srà?õt}Ü?-ûÆf@Ü }¹ ÿÿñO « Öáûs¡$Ñ,ÉOÄô¾Ï¤ ¢A,Ì!¬¸#ºe §ßgE¬©zLi¸.óÙ2> PoÁµ!Êb.9- ÆQMå
ù®^x6x¬N¡ºvSG S¶l*q×ü3ïã L) ð×=e÷s§Dõ®Ä¼ª³§#Ì½U çÈBêµâO]X÷.Õ* ³?©vx«ï6¡×£s tØ«·^_ f?1$ãÁß`ÚZ·Àu¬WÐÌ(Ø°ø{ c.vL©ºLÉ 1 % wJhcSÄñüË~^ ¸äBVÆ¬ô.¡*Zø°ÒmxÎrwOîdïzØ`>µÜy¬,vØ(¤¿àút «íìÏd
æx²¾c0nPùÑþÝæª;¨FØÓFµM¨l_ygÿ^^ª-jl¦ Ü¹BÀ%ô% Û%  Wÿà A;Z¹ÏÉþñÀ§ RyWØl¤(ìY5érLîøb¼%1U0Ô÷`ê¢îÅmüÒÊ|Ô3óÏÅø«Ø )vgåØz¤ÑdZ×`Ï §Á°]GþùÒ ±$ì¿uVöáb@¾8Í§9 r9 ÎçHeò(ºçïQ:Ïçý¥ÃÂÎ#Ø *w×¤Ì²Asë
æ¦J½àD#â¿g®9 aVRS 0gIôÙ×Pwò ·$àú â KVLw¡s£`m0¨ ~ÃhÃ,©fïQæ ÈY·¢&jv? É«É Æý7O1ËÌØrÙµ?séÝgIßh Hº <AûAÎÍ[9¤aágÂM`NYÄ8°Qgõ9±B¯ã$¹  à/ ßz!°9w è C DwCÄÌ²8þÉ·LB B ^é¤6 4²¥ÅÔ{ÿãÊ),kµøÀ4[:
E c¼êÞí)ákXMUÛéùlJF}»kÈl ;s bû?EÝkéLõñ[rÔ£-¿?V]êºåýÆO¸È¨4:çL:ãR³  Ç nãfO;  ËGGI3ÝºR <Úûßú ·3Y%9B(©»¾WÕmE¸À÷%§Ü,zæwÖªÛ ü¼×¢CÚÙûÎyÆnºÝÜr»¿Òrló÷étµeb«ß+bæéùi(¨!°îÎ{¨Úy°fÿ©³´è~Éê f< 3
t¦ý vBNó#VÄ4úT3ÁfI</  Òâ#þ¶u ó¢´ÑËk i;kBºÍþÑt(²Ôw³gÏºo¶/U½uÉÍ2Ý1ÜîPÚh+RØ¤¸;m+| ;ô¥¦(q´ü¯é+í¹ à_¥ !¤èFËã£§HÀaÞ  a&rÛ  ¸ï¢»)ÿ<ðPGk)×O{  AØ rü ¦¦pµZ×,Þ$ ÿ§£÷Á q ÄÅÏÇ×ß·rWW|õ! hÂë,Æ
5/s ë pA; çÏï%~D9 ×0²3÷ ¦½ávvÇkOüqá¦øõ vCH×47C±}É%ë®u%Æð[#é[Ë¥3¼@D«§52eÉ ò¦ºÇì :¬} ¼kÄp GígoNWÓ(yÕ/ømÕ=Tãý¨C}*³»«®hë([>,Ö²°3°Y¿Ýo¥W ÅÐö XdM öK§;Ð¦ÇiÌjEOàSßwDvJò-÷8æ£ID öø£mYË×c-§
cJ; ¸ ã--xªpo pÈB ]_n X½2ä  çÞ¿á 5¨ tã ´o&c.HüHÌ$eºÖ¸âV ^f·Zf¦ë¼Ù V2v4.1@ lúÒ¶xÓfÊ÷A®1WrvüØ]n/iÀA)+Ö±ØÈz 2#+jH è]Àî=g¬ F 2 |Ý8Ø·K´åÕæì¢HfaÍXOÓgð ç Ø¾Ó¶=_}V½´FëI}ÑåN8Þÿ1`biQ?Åa¬KÓ;Ë
ß¬s à K  %`³}KY÷à>ã  õe_f .2´öÒîÞW}jârKÈÈkqÛ×är©®Ü:·ü¤ß$ÍØã  ä¨,rìdýËH2MZ§~Bmxêä×Yo ö/`nb²îf&ÄY þJ/îúÆnt2Åp²1ë$ºòLÒ6JÓÍ ÿ 0°ÇMÑá¥2»®.ÈÚÓ¸³çàÕHc×)Åìá>[ÓÚ²É´ ãÐr UØ*ä¾²  3üµqÅñ>/öWÜ0
¿x Uá[Ê}:¿åýIA ÓUôx×¬Ô   ³I¢#qïBÅOO0Cc_c. ä9% ÁKCsìÛô=ïZ èt9 ìè»£R»g«ÔE&pôGE$/`:×ZííüZ}ÁâÉ¦,à²Õ¾Sº½9ÂË  t_T`õåI%9Gá&¤½/¹ï G.: $:m)0;Ý&ùû¬ÌZ´àvu½*tÿyÄn¾ÝUJ¬OÛþ¦V¥wmú® òÍK¥|l¤P£a
ü®Ãl &2«+²«Wé¢à ¸l ØºCPåØ5AâMì¶iãÕíÑ¶1ÓH{oÒÐ B ~ü }È¤] É >â9Øjªì¿Ûëå/µùÜFél²Ì¹Axg qËe ôA âÈo ñHÑðF´ðLÖÚ´¦uk@Ç¨X_U]Ø®ªXÅæ¼üYs0ïëÛK¸t¤l¶ø±mÝSg È ÿCQVi êÝdoòA© ìf³¿â»x Omd|[N{mOÃ2Áü Õ
j<h Ö¥ ÷[>~ _Y£^´ßfçR`Ø£æD¦ÍjµuòÎï(ôJôVYÑãÔÞB¦X½§h!Düi~üwIPÔTâ$ï¥:ûøïiV½AðÃ8+Mf¯ ÿ¥ 6ãì`Ààü»eNb Z sk`¼=Ñeéì$âhÕßÁåÜ´óË¹9Ù o+dº¸vÌÔXý¨ÄIÒï©§  :,Ú9].ªzJ &üîÓáÛêºþ+c|Z#ÇC¿ó;¡¶$çíÔ B7ý
©/aØØ_û´}ãº ÂAëÈfÑ> !Ð,û;±á{÷à®jwFlX[8-sãP;¡ÎD(pÓê_y¨øv¶f éêe9 Úm8B«2ÔlM´áÚÐÀ¦Z2;rí¿yªÝaÔ#Z ÎÔònµc¤ö9ºÅ{Ý«ÐnÒÎ56 í]Ã5þ´ ×³mWÁ2ø9Ü[ùý¥&C  Ñ^Y ô%Ôa%ÃíÓ×¾qr×ó)SÕÙ¨E`ÄJáWC¶Íw±ÀE)>¦Åèó°
æ3  8è½äÌÌ0*; >$MÓ³ß§7þ /Ìu1L-ÍKr#ç¬Ò¢¨ãL,íSÓþåt¢bÐµ®E³ æ Zl90¯q0K¸w1O><Íoi8v½IúP Øàr ¨îù]}hJ#Á® ±Çó<à;Ä×#Ö| 5 %ÐáVçLõ}õÉ½µ¢Å¼rI]N»Óf ¾ÇK/hQÂ Õ~An9=FzõCí)Û°ZÑ ^Û1ÒÖ¼}<¡ðËó«/Ò³Áè|®
¿HsÈ¢ä¢ VtÏ VÍ7}B X]4;k8©^ hé4nåE   7 e|Û àdxRIÔL×ùEK(ùE-Zû ¶é WT  ËÄ l¿½à?¤OÙB!@´t¦ÄåË7n93Vw}ø ß#ÕÌ^íGHËQ$[Tdjö0oLìoáãÅÝN÷¹æÊZKr1W NóØãkÂc 7.;ÅÂf:y&yÄ°$øBÏÊV¡´EN×QÏwÆ/ê ×É[t;¤¾Ën
·Ã£q«ZêFõ¾>%ø¯§½Oû3ÁÃ  Ößc:Û2AÍåùÇ±zyz£ jB²JËNgÞtõeèÖøËæ¿ùÞzÄIrÍ¿h6g¾Ø+QRÛ<ü6Ã]¼w-1þØfdÀàÈ µÒMâ u$ÎÛQºø ÈD÷<wø £öúeÅ{UN~¬MúÌ ÷×¢W0±mnøQ{7¼PQÌXÝ×ú³p¬$xÿ°ð²è:Æ¥ûð9 ÌÒï· *lk ê¼ÝA`|ÝÓ§
o×úªÓ {0ôËA+ú-Y@Öû¹F¦©ÆD Uv õåVL&:¤åÌðó¬¯¶è ,ÂRêÑl´k¥¯B¯Æl 0Õ)yµóÎÍ¼ð^l ¯ì8Ô<ø0Û =ö±«#H,^l©µVõxI_À üç^³øèÛòÌoòhÙÚöÒ0ýR xS<.åx4æÛôÿ<îÄð)j åWß%L Biåôî {z±] ôÐÁ y~9òÞówãQ÷2b oñg87÷`Ñ
ûp½NÆãØàU0  È´¨¨Íßübï²X? ðD)ÑxûÀïDüþ!m}.Ë*Óº(½ç=ó>â]ÔVÕ£ÑípûÖbÖ/ªÜÝ×jéQýøþ.E(ÀO<T áV RO4ñRß*Êt@v¤(«mþ-]´{Ux>F¦ºÆ ýdô:^  o¤AÀõtñn Ù  ä²³Úpn¬#=>uiß§Y´ßä¸>À@7ý2Üù7½xÅKú±MU6ûì:{çÉë7Ü¾ä
wîÑjð³PÚ¹Ç( ¥²OlØot 6S1àð õsörê©u bäûDök Û ´6áØ¤þ;Kvp ø!¬Å¬ü©À´wËZ$ Î ºTù¯æÞfàD¥QÄ ¯¥L?s /%É@fÔj ½òñÏ¡¹¿Æ;±/`ù ½Sy`¨mCéH~Ø>B?âãHùtèº^Ô× bRº ôD|ü ÚÃ1ùÃ2ÙW¡Ûnç+óö$§÷N@èÚ u¨êqº{ø%÷»S
a¿øÆHë£î½Áú½Ø ¬ÅÔ±IÛÅ^¤ßÁ+ÊjË^TÑ¾®´Õ{i ¦ $V áëPD^¿v´ø^éZet=yN:ºKÆ$Ù[;eË×©fëg¬,YY?¼Ù`MOKE= e|zgöâ®üã+ÂmK]DÝ/Ý¾{åäNS»bë&Ooü° ì+Ó*aBoO¥ÔLÚã¶0D ôºÓ5  çïGÅïÏ ùlÍùð6Öó«cOå|L©ïÒÀ>_QAï¶ï
)×µ Ý ü8= ÊåhsA1´âmKÁ! ÎÆ hk¬Ì`V$âqs:ù;×èva à¶ÁFcos:¢ ë? OrïÞ ÄßCEX¬Eäa ¸ §±éCû# *É%l-åï¨ÅÀ×û½>©Ûú¬z óÂ1 ]l¥°^Qî &WÉe  ;aë~±ø98]É#  ÙÐGA÷µF¶a°,¦Ç«0VÄ  Æ«²Hm¹Í¬ÊÔ^ÍhH[Pc$ :ÌçyúW÷ßºb
löä7Íî(u¨fKËÎÈ«±6 Î W*¦¯ ¾nÆ Ñ s Ñ@ä&] ÝVBk©ì*núö +Áxã×õ6ð}Ë$¦ÌèÒwS¸´Ö1°âôU`Û§®©% ís×asö%!ÌÛ$»(nôãá ÙÉ¿Î¡7ÐJëÁz0PìøÚü^uþýÕÏ£/Ñêì EZ2DE<ÿÿÝ$¥q»¤Uü5$ é³éYP3~0UÑàP¶¶.b«[SjÐÏ//B©]¦Ì¦½m
£ó9UÀtÂÍáD<Ó6XùédL] Ò>IÃ§ =SXD÷øÇ¼-lÕÕÎÏ ÎÒ)þQ°?«Ñ(#]U T;4v¥ HÑ>ÄÕÞM~rÊ9ç( 0L]Gt?ÐP5,,¹HùÓõ`# uIå  üÓv#}þAu0Î9å.r³÷¦o¬B²átª?µcL(ÿMãçTïÊV;Î ñ@TÛy|yÓAËwt#½¹g;ýñVÕO_Z¸þZ®êÙ  ÖUx >Ûëg
ÀiÀ?Ü¨d·: º][ó»ºWI³/é¸¶ú<vç}VM,#èbÊ¤ZÅTæ¤È oXÙpk,G=T§®ªp¹Üïî [½>ÍÊØ fßDm hmÿ)ô Þ UØ L 2Ù!Ú½»/  HÎ¦» æÄ£ ÿPÒpv³[ÿ¥¥ Gfm ×Ødùy²-: Ílz~ñ6¢úóézôÿ: JOrZ-]j¢^j ß¡ãÝQû  ¸§ÖÏøTÄ4gå:íÜ:¿3
Q§K¥#eÙ=¸`Åfp{÷êÀQîÔ£{3ß½m%,Þ»Ý¬³â³ØÜ&DÆg²ÿØ S½Û¬Ø©®é->Øe~6HÞ¼þòOø¸{+¿í{¢`E%«$ÃQS[ïÔÅ }C¡aÌê©}ç9BÂ@ÉSåiã«á;N1s  cò gÈYöb ±ZÆúxz1ªÙÒ~ÅáÃ¦| ~5°&â×t*æ¨2àmáà K`  {¸Xä®ªa]¸ EÇ+ùp¤ õÛÌÐÜ
»¸k¬ r}Ìäq,Ì×ÅÍ^Ý:^éñ°Ád@¨ âdó ¨ªtÖ£áæißWÛãEÃïþ³Üpt/ú éÿÏNVþæå¡ú±lÐ ³H½`¸X¹N5c§Ê æâZ ÚÓ _ê ;Z |}ÌËDúØÎôâÊ/G¯+ Âã<×|n?g÷l¸ò4ßuS¬æâ3 *n¿7ù³}zwFÞ»÷&°}G©Mj×jÇìÍ»Ó§ÔÒ4·Ý9¼fpòPhû;G&k§ ]µ
NdÅøÍºíá¡ÙÕÒJ#µªUópÔ© áßM®/ÈàôÕâ fS¹âyº}å¥¯} Jô¬×çùþ7ÿ(!±Tã SäHG×i6³fþrë2¯~` &yÎ¶XyÅ¢S? w¼-ÇåC2£ò@Ä¾BvU/¾bî!àü4è;-¸kN ngÃ%ÂI3§·ÝXÚAìUê+D- àu Ç ót ©_Ã^|êwæWá7½±Êë{1·¤ :Ð ¨Á NÃ&¦>
Hü¼pc-&!úzW8áÊZð6e µQ ¢0¢3´YKc³9xV ñØïÒâÆÃUBÙ>ÿ R[ FCÐº¯5ð2 @ Ü~>¦ä_h þ×âÖ âôÚ4 Qh3Kó ¨öK*%Î§<íhÂ «ïâ|ÝZ9³y x¦WæX! )tüTo÷T9QÓFøÜT¶¡ÒWÑ©m, É¨g8 ÆLC¾ÈÞõ£znß]ðú óè3[»cÚ@yLÎ ÈÊN*²¬¹©4ì
6ì¯ie<f× ¢fè|±rázâþb*5-Øó !øû õ=1ß? <Ï÷ Î|+y· M>ªè v _ÆP´Ò/ kÅÆ]ÔsÛ5µ¬Ý»{ezf¾² C²RæÅÓ½×¶<Õ°dò»à=·À 7ó9Dïù½¢uzî 2ù-íóÞ »È¬â¨0N)åoÓðåMñápØÜcìOór®qP3í°T×^þX5ôT¿ÿªRÀ§¦Üùùé«ôÙÊ&ÕÝÓ0MN[Ì
~¬¤ðZüìu3?4W¶ÝØr*}%  3|«¨,u´åÕp Q ¤xÖÖeÔQ½ØúÏLS¶dV°Z1}A£Å¢_¢Ëj¿d²ØÝ>jåvÕþ(ÏNÝ Z£î¥ ©núÉéÇ±ûûª¯ÂïÊaÖ¾ñ»5zeï÷Pp¸ÚæÍÇßpO:´ù¢ûø£æ{kÖ] ^¦FiA ùQ ÂØ©È>ÅìùÚPUÓlÛNïØH±Ú]Í1ÙîZ©Èáä0·Y½ÿ£ú°
íîNc©üÉè¸Awå3½ <øw?B¬Uª46P#_®AÜë«¾è ·ÈÕ¬VS3Pu:³Ô³iÿæiwÄçæ[ ¢°Zæ[À   Ö «^÷1<Ò¶¥8eæ HÕìµøÌ]j7»npYØO,É ÿ1ÁÄy1ÕLÿÈBtÊyÁH]x¹(â ko¤¤rÆ5s¿o Í§xßä¸á4F¸+: ÿò?d{Ç:Srà?õt}Ü?-ûÆf@Ü }¹ ÿÿñO « Ö
áûs¡$Ñ,ÉOÄô¾Ï¤ ¢A,Ì!¬¸#ºe §ßgE¬©zLi¸.óÙ2> PoÁµ!Êb.9- ÆQMåù®^x6x¬N¡ºvSG S¶l*q×ü3ïã L) ð×=e÷s§Dõ®Ä¼ª³§#Ì½U çÈBêµâO]X÷.Õ* ³?©vx«ï6¡×£s tØ«·^_ f?1$ãÁß`ÚZ·Àu¬WÐÌ(Ø°ø{ c.vL©ºLÉ 1 % wJ
hcSÄñüË~^ ¸äBVÆ¬ô.¡*Zø°ÒmxÎrwOîdïzØ`>µÜy¬,vØ(¤¿àút «íìÏd æx²¾c0nPùÑþÝæª;¨FØÓFµM¨l_ygÿ^^ª-jl¦ Ü¹BÀ%ô% Û%  Wÿà A;Z¹ÏÉþñÀ§ RyWØl¤(ìY5érLîøb¼%1U0Ô÷`ê¢îÅmüÒÊ|Ô3óÏÅø«Ø )vgåØz¤ÑdZ×`Ï §Á
°]GþùÒ ±$ì¿uVöáb@¾8Í§9 r9 ÎçHeò(ºçïQ:Ïçý¥ÃÂÎ#Ø *w×¤Ì²Asë æ¦J½àD#â¿g®9 aVRS 0gIôÙ×Pwò ·$àú â KVLw¡s£`m0¨ ~ÃhÃ,©fïQæ ÈY·¢&jv? É«É Æý7O1ËÌØrÙµ?séÝgIßh Hº <AûAÎÍ[9¤aágÂM`NYÄ8°Qgõ9±B¯ã
$¹  à/ ßz!°9w è C DwCÄÌ²8þÉ·LB B ^é¤6 4²¥ÅÔ{ÿãÊ),kµøÀ4[:E c¼êÞí)ákXMUÛéùlJF}»kÈl ;s bû?EÝkéLõñ[rÔ£-¿?V]êºåýÆO¸È¨4:çL:ãR³  Ç nãfO;  ËGGI3ÝºR <Úûßú ·3Y%9B(©»¾WÕmE¸À÷%§Ü,zæwÖªÛ ü¼×¢
CÚÙûÎyÆnºÝÜr»¿Òrló÷étµeb«ß+bæéùi(¨!°îÎ{¨Úy°fÿ©³´è~Éê f< 3t¦ý vBNó#VÄ4úT3ÁfI</  Òâ#þ¶u ó¢´ÑËk i;kBºÍþÑt(²Ôw³gÏºo¶/U½uÉÍ2Ý1ÜîPÚh+RØ¤¸;m+| ;ô¥¦(q´ü¯é+í¹ à_¥ !¤èFËã£§HÀaÞ  a&rÛ  ¸ï¢»)
ÿ<ðPGk)×O{  AØ rü ¦¦pµZ×,Þ$ ÿ§£÷Á q ÄÅÏÇ×ß·rWW|õ! hÂë,Æ5/s ë pA; çÏï%~D9 ×0²3÷ ¦½ávvÇkOüqá¦øõ vCH×47C±}É%ë®u%Æð[#é[Ë¥3¼@D«§52eÉ ò¦ºÇì :¬} ¼kÄp GígoNWÓ(yÕ/ømÕ=Tãý¨C}*³»«®hë([>,Ö²
°3°Y¿Ýo¥W ÅÐö XdM öK§;Ð¦ÇiÌjEOàSßwDvJò-÷8æ£ID öø£mYË×c-§ cJ; ¸ ã--xªpo pÈB ]_n X½2ä  çÞ¿á 5¨ tã ´o&c.HüHÌ$eºÖ¸âV ^f·Zf¦ë¼Ù V2v4.1@ lúÒ¶xÓfÊ÷A®1WrvüØ]n/iÀA)+Ö±ØÈz 2#+jH è]Àî=g¬ F 2
|Ý8Ø·K´åÕæì¢HfaÍXOÓgð ç Ø¾Ó¶=_}V½´FëI}ÑåN8Þÿ1`biQ?Åa¬KÓ;Ëß¬s à K  %`³}KY÷à>ã  õe_f .2´öÒîÞW}jârKÈÈkqÛ×är©®Ü:·ü¤ß$ÍØã  ä¨,rìdýËH2MZ§~Bmxêä×Yo ö/`nb²îf&ÄY þJ/îúÆnt2Åp²1ë$ºòLÒ6JÓÍ ÿ 0
°ÇMÑá¥2»®.ÈÚÓ¸³çàÕHc×)Åìá>[ÓÚ²É´ ãÐr UØ*ä¾²  3üµqÅñ>/öWÜ0¿x Uá[Ê}:¿åýIA ÓUôx×¬Ô   ³I¢#qïBÅOO0Cc_c. ä9% ÁKCsìÛô=ïZ èt9 ìè»£R»g«ÔE&pôGE$/`:×ZííüZ}ÁâÉ¦,à²Õ¾Sº½9ÂË  t_T`õåI%9Gá&¤½/¹ï
G.: $:m)0;Ý&ùû¬ÌZ´àvu½*tÿyÄn¾ÝUJ¬OÛþ¦V¥wmú® òÍK¥|l¤P£aü®Ãl &2«+²«Wé¢à ¸l ØºCPåØ5AâMì¶iãÕíÑ¶1ÓH{oÒÐ B ~ü }È¤] É >â9Øjªì¿Ûëå/µùÜFél²Ì¹Axg qËe ôA âÈo ñHÑðF´ðLÖÚ´¦uk@Ç¨X_U]Ø®ªXÅæ¼üY
s0ïëÛK¸t¤l¶ø±mÝSg È ÿCQVi êÝdoòA© ìf³¿â»x Omd|[N{mOÃ2Áü Õj<h Ö¥ ÷[>~ _Y£^´ßfçR`Ø£æD¦ÍjµuòÎï(ôJôVYÑãÔÞB¦X½§h!Düi~üwIPÔTâ$ï¥:ûøïiV½AðÃ8+Mf¯ ÿ¥ 6ãì`Ààü»eNb Z sk`¼=Ñeéì$âhÕßÁåÜ´óË¹9Ù o
+dº¸vÌÔXý¨ÄIÒï©§  :,Ú9].ªzJ &üîÓáÛêºþ+c|Z#ÇC¿ó;¡¶$çíÔ B7ý©/aØØ_û´}ãº ÂAëÈfÑ> !Ð,û;±á{÷à®jwFlX[8-sãP;¡ÎD(pÓê_y¨øv¶f éêe9 Úm8B«2ÔlM´áÚÐÀ¦Z2;rí¿yªÝaÔ#Z ÎÔònµc¤ö9ºÅ{Ý«ÐnÒÎ56 í]Ã5þ´ ×³m
WÁ2ø9Ü[ùý¥&C  Ñ^Y ô%Ôa%ÃíÓ×¾qr×ó)SÕÙ¨E`ÄJáWC¶Íw±ÀE)>¦Åèó°æ3  8è½äÌÌ0*; >$MÓ³ß§7þ /Ìu1L-ÍKr#ç¬Ò¢¨ãL,íSÓþåt¢bÐµ®E³ æ Zl90¯q0K¸w1O><Íoi8v½IúP Øàr ¨îù]}hJ#Á® ±Çó<à;Ä×#Ö| 5 %ÐáVçLõ}õÉ½µ
¢Å¼rI]N»Óf ¾ÇK/hQÂ Õ~An9=FzõCí)Û°ZÑ ^Û1ÒÖ¼}<¡ðËó«/Ò³Áè|®¿HsÈ¢ä¢ VtÏ VÍ7}B X]4;k8©^ hé4nåE   7 e|Û àdxRIÔL×ùEK(ùE-Zû ¶é WT  ËÄ l¿½à?¤OÙB!@´t¦ÄåË7n93Vw}ø ß#ÕÌ^íGHËQ$[Tdjö0oLìoáãÅÝN÷
¹æÊZKr1W NóØãkÂc 7.;ÅÂf:y&yÄ°$øBÏÊV¡´EN×QÏwÆ/ê ×É[t;¤¾Ën·Ã£q«ZêFõ¾>%ø¯§½Oû3ÁÃ  Ößc:Û2AÍåùÇ±zyz£ jB²JËNgÞtõeèÖøËæ¿ùÞzÄIrÍ¿h6g¾Ø+QRÛ<ü6Ã]¼w-1þØfdÀàÈ µÒMâ u$ÎÛQºø ÈD÷<wø £öúeÅ{UN~¬Mú
Ì ÷×¢W0±mnøQ{7¼PQÌXÝ×ú³p¬$xÿ°ð²è:Æ¥ûð9 ÌÒï· *lk ê¼ÝA`|ÝÓ§o×úªÓ {0ôËA+ú-Y@Öû¹F¦©ÆD Uv õåVL&:¤åÌðó¬¯¶è ,ÂRêÑl´k¥¯B¯Æl 0Õ)yµóÎÍ¼ð^l ¯ì8Ô<ø0Û =ö±«#H,^l©µVõxI_À üç^³øèÛòÌoòhÙÚöÒ0ýR xS<
.åx4æÛôÿ<îÄð)j åWß%L Biåôî {z±] ôÐÁ y~9òÞówãQ÷2b oñg87÷`Ñûp½NÆãØàU0  È´¨¨Íßübï²X? ðD)ÑxûÀïDüþ!m}.Ë*Óº(½ç=ó>â]ÔVÕ£ÑípûÖbÖ/ªÜÝ×jéQýøþ.E(ÀO<T áV RO4ñRß*Êt@v¤(«mþ-]´{Ux>F¦ºÆ ýdô:^  o¤A
Àõtñn Ù  ä²³Úpn¬#=>uiß§Y´ßä¸>À@7ý2Üù7½xÅKú±MU6ûì:{çÉë7Ü¾äwîÑjð³PÚ¹Ç( ¥²OlØot 6S1àð õsörê©u bäûDök Û ´6áØ¤þ;Kvp ø!¬Å¬ü©À´wËZ$ Î ºTù¯æÞfàD¥QÄ ¯¥L?s /%É@fÔj ½òñÏ¡¹¿Æ;±/`ù ½Sy`¨mCéH~Ø
>B?âãHùtèº^Ô× bRº ôD|ü ÚÃ1ùÃ2ÙW¡Ûnç+óö$§÷N@èÚ u¨êqº{ø%÷»Sa¿øÆHë£î½Áú½Ø ¬ÅÔ±IÛÅ^¤ßÁ+ÊjË^TÑ¾®´Õ{i ¦ $V áëPD^¿v´ø^éZet=yN:ºKÆ$Ù[;eË×©fëg¬,YY?¼Ù`MOKE= e|zgöâ®üã+ÂmK]DÝ/Ý¾{åäNS»bë&Ooü
° ì+Ó*aBoO¥ÔLÚã¶0D ôºÓ5  çïGÅïÏ ùlÍùð6Öó«cOå|L©ïÒÀ>_QAï¶ï)×µ Ý ü8= ÊåhsA1´âmKÁ! ÎÆ hk¬Ì`V$âqs:ù;×èva à¶ÁFcos:¢ ë? OrïÞ ÄßCEX¬Eäa ¸ §±éCû# *É%l-åï¨ÅÀ×û½>©Ûú¬z óÂ1 ]l¥°^Qî &WÉe  ;aë~
±ø98]É#  ÙÐGA÷µF¶a°,¦Ç«0VÄ  Æ«²Hm¹Í¬ÊÔ^ÍhH[Pc$ :ÌçyúW÷ßºblöä7Íî(u¨fKËÎÈ«±6 Î W*¦¯ ¾nÆ Ñ s Ñ@ä&] ÝVBk©ì*núö +Áxã×õ6ð}Ë$¦ÌèÒwS¸´Ö1°âôU`Û§®©% ís×asö%!ÌÛ$»(nôãá ÙÉ¿Î¡7ÐJëÁz0PìøÚü^uþýÕÏ
£/Ñêì EZ2DE<ÿÿÝ$¥q»¤Uü5$ é³éYP3~0UÑàP¶¶.b«[SjÐÏ//B©]¦Ì¦½m£ó9UÀtÂÍáD<Ó6XùédL] Ò>IÃ§ =SXD÷øÇ¼-lÕÕÎÏ ÎÒ)þQ°?«Ñ(#]U T;4v¥ HÑ>ÄÕÞM~rÊ9ç( 0L]Gt?ÐP5,,¹HùÓõ`# uIå  üÓv#}þAu0Î9å.r³÷¦o¬B²át
ª?µcL(ÿMãçTïÊV;Î ñ@TÛy|yÓAËwt#½¹g;ýñVÕO_Z¸þZ®êÙ  ÖUx >ÛëgÀiÀ?Ü¨d·: º][ó»ºWI³/é¸¶ú<vç}VM,#èbÊ¤ZÅTæ¤È oXÙpk,G=T§®ªp¹Üïî [½>ÍÊØ fßDm hmÿ)ô Þ UØ L 2Ù!Ú½»/  HÎ¦» æÄ£ ÿPÒpv³[ÿ¥¥ Gfm ×Ødù
y²-: Ílz~ñ6¢úóézôÿ: JOrZ-]j¢^j ß¡ãÝQû  ¸§ÖÏøTÄ4gå:íÜ:¿3Q§K¥#eÙ=¸`Åfp{÷êÀQîÔ£{3ß½m%,Þ»Ý¬³â³ØÜ&DÆg²ÿØ S½Û¬Ø©®é->Øe~6HÞ¼þòOø¸{+¿í{¢`E%«$ÃQS[ïÔÅ }C¡aÌê©}ç9BÂ@ÉSåiã«á;N1s  cò gÈYöb ±Z
Æúxz1ªÙÒ~ÅáÃ¦| ~5°&â×t*æ¨2àmáà K`  {¸Xä®ªa]¸ EÇ+ùp¤ õÛÌÐÜ»¸k¬ r}Ìäq,Ì×ÅÍ^Ý:^éñ°Ád@¨ âdó ¨ªtÖ£áæißWÛãEÃïþ³Üpt/ú éÿÏNVþæå¡ú±lÐ ³H½`¸X¹N5c§Ê æâZ ÚÓ _ê ;Z |}ÌËDúØÎôâÊ/G¯+ Âã<×|n?g÷l¸ò4
ßuS¬æâ3 *n¿7ù³}zwFÞ»÷&°}G©Mj×jÇìÍ»Ó§ÔÒ4·Ý9¼fpòPhû;G&k§ ]µNdÅøÍºíá¡ÙÕÒJ#µªUópÔ© áßM®/ÈàôÕâ fS¹âyº}å¥¯} Jô¬×çùþ7ÿ(!±Tã SäHG×i6³fþrë2¯~` &yÎ¶XyÅ¢S? w¼-ÇåC2£ò@Ä¾BvU/¾bî!àü4è;-¸kN ngÃ
%ÂI3§·ÝXÚAìUê+D- àu Ç ót ©_Ã^|êwæWá7½±Êë{1·¤ :Ð ¨Á NÃ&¦>Hü¼pc-&!úzW8áÊZð6e µQ ¢0¢3´YKc³9xV ñØïÒâÆÃUBÙ>ÿ R[ FCÐº¯5ð2 @ Ü~>¦ä_h þ×âÖ âôÚ4 Qh3Kó ¨öK*%Î§<íhÂ «ïâ|ÝZ9³y x¦WæX! )tüTo÷T9
QÓFøÜT¶¡ÒWÑ©m, É¨g8 ÆLC¾ÈÞõ£znß]ðú óè3[»cÚ@yLÎ ÈÊN*²¬¹©4ì6ì¯ie<f× ¢fè|±rázâþb*5-Øó !øû õ=1ß? <Ï÷ Î|+y· M>ªè v _ÆP´Ò/ kÅÆ]ÔsÛ5µ¬Ý»{ezf¾² C²RæÅÓ½×¶<Õ°dò»à=·À 7ó9Dïù½¢uzî 2ù-íóÞ »È¬â¨
0N)åoÓðåMñápØÜcìOór®qP3í°T×^þX5ôT¿ÿªRÀ§¦Üùùé«ôÙÊ&ÕÝÓ0MN[Ì~¬¤ðZüìu3?4W¶ÝØr*}%  3|«¨,u´åÕp Q ¤xÖÖeÔQ½ØúÏLS¶dV°Z1}A£Å¢_¢Ëj¿d²ØÝ>jåvÕþ(ÏNÝ Z£î¥ ©núÉéÇ±ûûª¯ÂïÊaÖ¾ñ»5zeï÷Pp¸ÚæÍÇßpO:´ù¢
ûø£æ{kÖ] ^¦FiA ùQ ÂØ©È>ÅìùÚPUÓlÛNïØH±Ú]Í1ÙîZ©Èáä0·Y½ÿ£ú°íîNc©üÉè¸Awå3½ <øw?B¬Uª46P#_®AÜë«¾è ·ÈÕ¬VS3Pu:³Ô³iÿæiwÄçæ[ ¢°Zæ[À   Ö «^÷1<Ò¶¥8eæ HÕìµøÌ]j7»npYØO,É ÿ1ÁÄy1ÕLÿÈBtÊyÁH]x¹(â k
o¤¤rÆ5s¿o Í§xßä¸á4F¸+: ÿò?d{Ç:Srà?õt}Ü?-ûÆf@Ü }¹ ÿÿñO « Öáûs¡$Ñ,ÉOÄô¾Ï¤ ¢A,Ì!¬¸#ºe §ßgE¬©zLi¸.óÙ2> PoÁµ!Êb.9- ÆQMåù®^x6x¬N¡ºvSG S¶l*q×ü3ïã L) ð×=e÷s§Dõ®Ä¼ª³§#Ì½U çÈBêµâO]X÷.Õ* ³
?©vx«ï6¡×£s tØ«·^_ f?1$ãÁß`ÚZ·Àu¬WÐÌ(Ø°ø{ c.vL©ºLÉ 1 % wJhcSÄñüË~^ ¸äBVÆ¬ô.¡*Zø°ÒmxÎrwOîdïzØ`>µÜy¬,vØ(¤¿àút «íìÏd æx²¾c0nPùÑþÝæª;¨FØÓFµM¨l_ygÿ^^ª-jl¦ Ü¹BÀ%ô% Û%  Wÿà A;Z¹ÏÉþñÀ§ Ry
WØl¤(ìY5érLîøb¼%1U0Ô÷`ê¢îÅmüÒÊ|Ô3óÏÅø«Ø )vgåØz¤ÑdZ×`Ï §Á°]GþùÒ ±$ì¿uVöáb@¾8Í§9 r9 ÎçHeò(ºçïQ:Ïçý¥ÃÂÎ#Ø *w×¤Ì²Asë æ¦J½àD#â¿g®9 aVRS 0gIôÙ×Pwò ·$àú â KVLw¡s£`m0¨ ~ÃhÃ,©fïQæ ÈY·¢&jv?
É«É Æý7O1ËÌØrÙµ?séÝgIßh Hº <AûAÎÍ[9¤aágÂM`NYÄ8°Qgõ9±B¯ã$¹  à/ ßz!°9w è C DwCÄÌ²8þÉ·LB B ^é¤6 4²¥ÅÔ{ÿãÊ),kµøÀ4[:E c¼êÞí)ákXMUÛéùlJF}»kÈl ;s bû?EÝkéLõñ[rÔ£-¿?V]êºåýÆO¸È¨4:çL:ãR³
Ç nãfO;  ËGGI3ÝºR <Úûßú ·3Y%9B(©»¾WÕmE¸À÷%§Ü,zæwÖªÛ ü¼×¢CÚÙûÎyÆnºÝÜr»¿Òrló÷étµeb«ß+bæéùi(¨!°îÎ{¨Úy°fÿ©³´è~Éê f< 3t¦ý vBNó#VÄ4úT3ÁfI</  Òâ#þ¶u ó¢´ÑËk i;kBºÍþÑt(²Ôw³gÏºo¶/U½uÉÍ2Ý1Ü
îPÚh+RØ¤¸;m+| ;ô¥¦(q´ü¯é+í¹ à_¥ !¤èFËã£§HÀaÞ  a&rÛ  ¸ï¢»)ÿ<ðPGk)×O{  AØ rü ¦¦pµZ×,Þ$ ÿ§£÷Á q ÄÅÏÇ×ß·rWW|õ! hÂë,Æ5/s ë pA; çÏï%~D9 ×0²3÷ ¦½ávvÇkOüqá¦øõ vCH×47C±}É%ë®u%Æð[#é[Ë¥3¼@
D«§52eÉ ò¦ºÇì :¬} ¼kÄp GígoNWÓ(yÕ/ømÕ=Tãý¨C}*³»«®hë([>,Ö²°3°Y¿Ýo¥W ÅÐö XdM öK§;Ð¦ÇiÌjEOàSßwDvJò-÷8æ£ID öø£mYË×c-§ cJ; ¸ ã--xªpo pÈB ]_n X½2ä  çÞ¿á 5¨ tã ´o&c.HüHÌ$eºÖ¸âV ^f·Zf¦ë¼Ù
V2v4.1@ lúÒ¶xÓfÊ÷A®1WrvüØ]n/iÀA)+Ö±ØÈz 2#+jH è]Àî=g¬ F 2 |Ý8Ø·K´åÕæì¢HfaÍXOÓgð ç Ø¾Ó¶=_}V½´FëI}ÑåN8Þÿ1`biQ?Åa¬KÓ;Ëß¬s à K  %`³}KY÷à>ã  õe_f .2´öÒîÞW}jârKÈÈkqÛ×är©®Ü:·ü¤ß$ÍØã  ä¨,rì
dýËH2MZ§~Bmxêä×Yo ö/`nb²îf&ÄY þJ/îúÆnt2Åp²1ë$ºòLÒ6JÓÍ ÿ 0°ÇMÑá¥2»®.ÈÚÓ¸³çàÕHc×)Åìá>[ÓÚ²É´ ãÐr UØ*ä¾²  3üµqÅñ>/öWÜ0¿x Uá[Ê}:¿åýIA ÓUôx×¬Ô   ³I¢#qïBÅOO0Cc_c. ä9% ÁKCsìÛô=ïZ èt9 ìè»£
R»g«ÔE&pôGE$/`:×ZííüZ}ÁâÉ¦,à²Õ¾Sº½9ÂË  t_T`õåI%9Gá&¤½/¹ï G.: $:m)0;Ý&ùû¬ÌZ´àvu½*tÿyÄn¾ÝUJ¬OÛþ¦V¥wmú® òÍK¥|l¤P£aü®Ãl &2«+²«Wé¢à ¸l ØºCPåØ5AâMì¶iãÕíÑ¶1ÓH{oÒÐ B ~ü }È¤] É >â9Øjªì¿Û
ëå/µùÜFél²Ì¹Axg qËe ôA âÈo ñHÑðF´ðLÖÚ´¦uk@Ç¨X_U]Ø®ªXÅæ¼üYs0ïëÛK¸t¤l¶ø±mÝSg È ÿCQVi êÝdoòA© ìf³¿â»x Omd|[N{mOÃ2Áü Õj<h Ö¥ ÷[>~ _Y£^´ßfçR`Ø£æD¦ÍjµuòÎï(ôJôVYÑãÔÞB¦X½§h!Düi~üwIPÔTâ$ï¥:
ûøïiV½AðÃ8+Mf¯ ÿ¥ 6ãì`Ààü»eNb Z sk`¼=Ñeéì$âhÕßÁåÜ´óË¹9Ù o+dº¸vÌÔXý¨ÄIÒï©§  :,Ú9].ªzJ &üîÓáÛêºþ+c|Z#ÇC¿ó;¡¶$çíÔ B7ý©/aØØ_û´}ãº ÂAëÈfÑ> !Ð,û;±á{÷à®jwFlX[8-sãP;¡ÎD(pÓê_y¨øv¶f éêe9 Úm8
B«2ÔlM´áÚÐÀ¦Z2;rí¿yªÝaÔ#Z ÎÔònµc¤ö9ºÅ{Ý«ÐnÒÎ56 í]Ã5þ´ ×³mWÁ2ø9Ü[ùý¥&C  Ñ^Y ô%Ôa%ÃíÓ×¾qr×ó)SÕÙ¨E`ÄJáWC¶Íw±ÀE)>¦Åèó°æ3  8è½äÌÌ0*; >$MÓ³ß§7þ /Ìu1L-ÍKr#ç¬Ò¢¨ãL,íSÓþåt¢bÐµ®E³ æ Zl90¯q0K
¸w1O><Íoi8v½IúP Øàr ¨îù]}hJ#Á® ±Çó<à;Ä×#Ö| 5 %ÐáVçLõ}õÉ½µ¢Å¼rI]N»Óf ¾ÇK/hQÂ Õ~An9=FzõCí)Û°ZÑ ^Û1ÒÖ¼}<¡ðËó«/Ò³Áè|®¿HsÈ¢ä¢ VtÏ VÍ7}B X]4;k8©^ hé4nåE   7 e|Û àdxRIÔL×ùEK(ùE-Zû ¶é WT
ËÄ l¿½à?¤OÙB!@´t¦ÄåË7n93Vw}ø ß#ÕÌ^íGHËQ$[Tdjö0oLìoáãÅÝN÷¹æÊZKr1W NóØãkÂc 7.;ÅÂf:y&yÄ°$øBÏÊV¡´EN×QÏwÆ/ê ×É[t;¤¾Ën·Ã£q«ZêFõ¾>%ø¯§½Oû3ÁÃ  Ößc:Û2AÍåùÇ±zyz£ jB²JËNgÞtõeèÖøËæ¿ùÞzÄIrÍ¿h
6g¾Ø+QRÛ<ü6Ã]¼w-1þØfdÀàÈ µÒMâ u$ÎÛQºø ÈD÷<wø £öúeÅ{UN~¬MúÌ ÷×¢W0±mnøQ{7¼PQÌXÝ×ú³p¬$xÿ°ð²è:Æ¥ûð9 ÌÒï· *lk ê¼ÝA`|ÝÓ§o×úªÓ {0ôËA+ú-Y@Öû¹F¦©ÆD Uv õåVL&:¤åÌðó¬¯¶è ,ÂRêÑl´k¥¯B¯Æl 0Õ)yµóÎ
Í¼ð^l ¯ì8Ô<ø0Û =ö±«#H,^l©µVõxI_À üç^³øèÛòÌoòhÙÚöÒ0ýR xS<.åx4æÛôÿ<îÄð)j åWß%L Biåôî {z±] ôÐÁ y~9òÞówãQ÷2b oñg87÷`Ñûp½NÆãØàU0  È´¨¨Íßübï²X? ðD)ÑxûÀïDüþ!m}.Ë*Óº(½ç=ó>â]ÔVÕ£ÑípûÖbÖ/ªÜ
Ý×jéQýøþ.E(ÀO<T áV RO4ñRß*Êt@v¤(«mþ-]´{Ux>F¦ºÆ ýdô:^  o¤AÀõtñn Ù  ä²³Úpn¬#=>uiß§Y´ßä¸>À@7ý2Üù7½xÅKú±MU6ûì:{çÉë7Ü¾äwîÑjð³PÚ¹Ç( ¥²OlØot 6S1àð õsörê©u bäûDök Û ´6áØ¤þ;Kvp ø!¬Å¬ü©À´wËZ
$ Î ºTù¯æÞfàD¥QÄ ¯¥L?s /%É@fÔj ½òñÏ¡¹¿Æ;±/`ù ½Sy`¨mCéH~Ø>B?âãHùtèº^Ô× bRº ôD|ü ÚÃ1ùÃ2ÙW¡Ûnç+óö$§÷N@èÚ u¨êqº{ø%÷»Sa¿øÆHë£î½Áú½Ø ¬ÅÔ±IÛÅ^¤ßÁ+ÊjË^TÑ¾®´Õ{i ¦ $V áëPD^¿v´ø^éZet=yN:ºKÆ
$Ù[;eË×©fëg¬,YY?¼Ù`MOKE= e|zgöâ®üã+ÂmK]DÝ/Ý¾{åäNS»bë&Ooü° ì+Ó*aBoO¥ÔLÚã¶0D ôºÓ5  çïGÅïÏ ùlÍùð6Öó«cOå|L©ïÒÀ>_QAï¶ï)×µ Ý ü8= ÊåhsA1´âmKÁ! ÎÆ hk¬Ì`V$âqs:ù;×èva à¶ÁFcos:¢ ë? OrïÞ ÄßCE
X¬Eäa ¸ §±éCû# *É%l-åï¨ÅÀ×û½>©Ûú¬z óÂ1 ]l¥°^Qî &WÉe  ;aë~±ø98]É#  ÙÐGA÷µF¶a°,¦Ç«0VÄ  Æ«²Hm¹Í¬ÊÔ^ÍhH[Pc$ :ÌçyúW÷ßºblöä7Íî(u¨fKËÎÈ«±6 Î W*¦¯ ¾nÆ Ñ s Ñ@ä&] ÝVBk©ì*núö +Áxã×õ6ð}Ë$¦ÌèÒw
S¸´Ö1°âôU`Û§®©% ís×asö%!ÌÛ$»(nôãá ÙÉ¿Î¡7ÐJëÁz0PìøÚü^uþýÕÏ£/Ñêì EZ2DE<ÿÿÝ$¥q»¤Uü5$ é³éYP3~0UÑàP¶¶.b«[SjÐÏ//B©]¦Ì¦½m£ó9UÀtÂÍáD<Ó6XùédL] Ò>IÃ§ =SXD÷øÇ¼-lÕÕÎÏ ÎÒ)þQ°?«Ñ(#]U T;4v¥ HÑ>ÄÕ
ÞM~rÊ9ç( 0L]Gt?ÐP5,,¹HùÓõ`# uIå  üÓv#}þAu0Î9å.r³÷¦o¬B²átª?µcL(ÿMãçTïÊV;Î ñ@TÛy|yÓAËwt#½¹g;ýñVÕO_Z¸þZ®êÙ  ÖUx >ÛëgÀiÀ?Ü¨d·: º][ó»ºWI³/é¸¶ú<vç}VM,#èbÊ¤ZÅTæ¤È oXÙpk,G=T§®ªp¹Üïî [½>ÍÊ
Ø fßDm hmÿ)ô Þ UØ L 2Ù!Ú½»/  HÎ¦» æÄ£ ÿPÒpv³[ÿ¥¥ Gfm ×Ødùy²-: Ílz~ñ6¢úóézôÿ: JOrZ-]j¢^j ß¡ãÝQû  ¸§ÖÏøTÄ4gå:íÜ:¿3Q§K¥#eÙ=¸`Åfp{÷êÀQîÔ£{3ß½m%,Þ»Ý¬³â³ØÜ&DÆg²ÿØ S½Û¬Ø©®é->Øe~6HÞ¼þòOø
¸{+¿í{¢`E%«$ÃQS[ïÔÅ }C¡aÌê©}ç9BÂ@ÉSåiã«á;N1s  cò gÈYöb ±ZÆúxz1ªÙÒ~ÅáÃ¦| ~5°&â×t*æ¨2àmáà K`  {¸Xä®ªa]¸ EÇ+ùp¤ õÛÌÐÜ»¸k¬ r}Ìäq,Ì×ÅÍ^Ý:^éñ°Ád@¨ âdó ¨ªtÖ£áæißWÛãEÃïþ³Üpt/ú éÿÏNVþæå¡ú±l
Ð ³H½`¸X¹N5c§Ê æâZ ÚÓ _ê ;Z |}ÌËDúØÎôâÊ/G¯+ Âã<×|n?g÷l¸ò4ßuS¬æâ3 *n¿7ù³}zwFÞ»÷&°}G©Mj×jÇìÍ»Ó§ÔÒ4·Ý9¼fpòPhû;G&k§ ]µNdÅøÍºíá¡ÙÕÒJ#µªUópÔ© áßM®/ÈàôÕâ fS¹âyº}å¥¯} Jô¬×çùþ7ÿ(!±Tã SäHG
×i6³fþrë2¯~` &yÎ¶XyÅ¢S? w¼-ÇåC2£ò@Ä¾BvU/¾bî!àü4è;-¸kN ngÃ%ÂI3§·ÝXÚAìUê+D- àu Ç ót ©_Ã^|êwæWá7½±Êë{1·¤ :Ð ¨Á NÃ&¦>Hü¼pc-&!úzW8áÊZð6e µQ ¢0¢3´YKc³9xV ñØïÒâÆÃUBÙ>ÿ R[ FCÐº¯5ð2 @ Ü~>¦
ä_h þ×âÖ âôÚ4 Qh3Kó ¨öK*%Î§<íhÂ «ïâ|ÝZ9³y x¦WæX! )tüTo÷T9QÓFøÜT¶¡ÒWÑ©m, É¨g8 ÆLC¾ÈÞõ£znß]ðú óè3[»cÚ@yLÎ ÈÊN*²¬¹©4ì6ì¯ie<f× ¢fè|±rázâþb*5-Øó !øû õ=1ß? <Ï÷ Î|+y· M>ªè v _ÆP´Ò/ kÅÆ]Ôs
Û5µ¬Ý»{ezf¾² C²RæÅÓ½×¶<Õ°dò»à=·À 7ó9Dïù½¢uzî 2ù-íóÞ »È¬â¨0N)åoÓðåMñápØÜcìOór®qP3í°T×^þX5ôT¿ÿªRÀ§¦Üùùé«ôÙÊ&ÕÝÓ0MN[Ì~¬¤ðZüìu3?4W¶ÝØr*}%  3|«¨,u´åÕp Q ¤xÖÖeÔQ½ØúÏLS¶dV°Z1}A£Å¢_¢Ëj¿d
²ØÝ>jåvÕþ(ÏNÝ Z£î¥ ©núÉéÇ±ûûª¯ÂïÊaÖ¾ñ»5zeï÷Pp¸ÚæÍÇßpO:´ù¢ûø£æ{kÖ] ^¦FiA ùQ ÂØ©È>ÅìùÚPUÓlÛNïØH±Ú]Í1ÙîZ©Èáä0·Y½ÿ£ú°íîNc©üÉè¸Awå3½ <øw?B¬Uª46P#_®AÜë«¾è ·ÈÕ¬VS3Pu:³Ô³iÿæiwÄçæ[ ¢°Zæ[À
Ö «^÷1<Ò¶¥8eæ HÕìµøÌ]j7»npYØO,É ÿ1ÁÄy1ÕLÿÈBtÊyÁH]x¹(â ko¤¤rÆ5s¿o Í§xßä¸á4F¸+: ÿò?d{Ç:Srà?õt}Ü?-ûÆf@Ü }¹ ÿÿñO « Öáûs¡$Ñ,ÉOÄô¾Ï¤ ¢A,Ì!¬¸#ºe §ßgE¬©zLi¸.óÙ2> PoÁµ!Êb.9- ÆQMåù®^x6x¬N¡
ºvSG S¶l*q×ü3ïã L) ð×=e÷s§Dõ®Ä¼ª³§#Ì½U çÈBêµâO]X÷.Õ* ³?©vx«ï6¡×£s tØ«·^_ f?1$ãÁß`ÚZ·Àu¬WÐÌ(Ø°ø{ c.vL©ºLÉ 1 % wJhcSÄñüË~^ ¸äBVÆ¬ô.¡*Zø°ÒmxÎrwOîdïzØ`>µÜy¬,vØ(¤¿àút «íìÏd æx²¾c0nP
ùÑþÝæª;¨FØÓFµM¨l_ygÿ^^ª-jl¦ Ü¹BÀ%ô% Û%  Wÿà A;Z¹ÏÉþñÀ§ RyWØl¤(ìY5érLîøb¼%1U0Ô÷`ê¢îÅmüÒÊ|Ô3óÏÅø«Ø )vgåØz¤ÑdZ×`Ï §Á°]GþùÒ ±$ì¿uVöáb@¾8Í§9 r9 ÎçHeò(ºçïQ:Ïçý¥ÃÂÎ#Ø *w×¤Ì²Asë æ¦J½àD#â¿
g®9 aVRS 0gIôÙ×Pwò ·$àú â KVLw¡s£`m0¨ ~ÃhÃ,©fïQæ ÈY·¢&jv? É«É Æý7O1ËÌØrÙµ?séÝgIßh Hº <AûAÎÍ[9¤aágÂM`NYÄ8°Qgõ9±B¯ã$¹  à/ ßz!°9w è C DwCÄÌ²8þÉ·LB B ^é¤6 4²¥ÅÔ{ÿãÊ),kµøÀ4[:E c¼êÞí)á
kXMUÛéùlJF}»kÈl ;s bû?EÝkéLõñ[rÔ£-¿?V]êºåýÆO¸È¨4:çL:ãR³  Ç nãfO;  ËGGI3ÝºR <Úûßú ·3Y%9B(©»¾WÕmE¸À÷%§Ü,zæwÖªÛ ü¼×¢CÚÙûÎyÆnºÝÜr»¿Òrló÷étµeb«ß+bæéùi(¨!°îÎ{¨Úy°fÿ©³´è~Éê f< 3t¦ý vBNó#
VÄ4úT3ÁfI</  Òâ#þ¶u ó¢´ÑËk i;kBºÍþÑt(²Ôw³gÏºo¶/U½uÉÍ2Ý1ÜîPÚh+RØ¤¸;m+| ;ô¥¦(q´ü¯é+í¹ à_¥ !¤èFËã£§HÀaÞ  a&rÛ  ¸ï¢»)ÿ<ðPGk)×O{  AØ rü ¦¦pµZ×,Þ$ ÿ§£÷Á q ÄÅÏÇ×ß·rWW|õ! hÂë,Æ5/s ë pA;
çÏï%~D9 ×0²3÷ ¦½ávvÇkOüqá¦øõ vCH×47C±}É%ë®u%Æð[#é[Ë¥3¼@D«§52eÉ ò¦ºÇì :¬} ¼kÄp GígoNWÓ(yÕ/ømÕ=Tãý¨C}*³»«®hë([>,Ö²°3°Y¿Ýo¥W ÅÐö XdM öK§;Ð¦ÇiÌjEOàSßwDvJò-÷8æ£ID öø£mYË×c-§ cJ; ¸ ã--
xªpo pÈB ]_n X½2ä  çÞ¿á 5¨ tã ´o&c.HüHÌ$eºÖ¸âV ^f·Zf¦ë¼Ù V2v4.1@ lúÒ¶xÓfÊ÷A®1WrvüØ]n/iÀA)+Ö±ØÈz 2#+jH è]Àî=g¬ F 2 |Ý8Ø·K´åÕæì¢HfaÍXOÓgð ç Ø¾Ó¶=_}V½´FëI}ÑåN8Þÿ1`biQ?Åa¬KÓ;Ëß¬s à K
%`³}KY÷à>ã  õe_f .2´öÒîÞW}jârKÈÈkqÛ×är©®Ü:·ü¤ß$ÍØã  ä¨,rìdýËH2MZ§~Bmxêä×Yo ö/`nb²îf&ÄY þJ/îúÆnt2Åp²1ë$ºòLÒ6JÓÍ ÿ 0°ÇMÑá¥2»®.ÈÚÓ¸³çàÕHc×)Åìá>[ÓÚ²É´ ãÐr UØ*ä¾²  3üµqÅñ>/öWÜ0¿x Uá[Ê}
:¿åýIA ÓUôx×¬Ô   ³I¢#qïBÅOO0Cc_c. ä9% ÁKCsìÛô=ïZ èt9 ìè»£R»g«ÔE&pôGE$/`:×ZííüZ}ÁâÉ¦,à²Õ¾Sº½9ÂË  t_T`õåI%9Gá&¤½/¹ï G.: $:m)0;Ý&ùû¬ÌZ´àvu½*tÿyÄn¾ÝUJ¬OÛþ¦V¥wmú® òÍK¥|l¤P£aü®Ãl &2«+
²«Wé¢à ¸l ØºCPåØ5AâMì¶iãÕíÑ¶1ÓH{oÒÐ B ~ü }È¤] É >â9Øjªì¿Ûëå/µùÜFél²Ì¹Axg qËe ôA âÈo ñHÑðF´ðLÖÚ´¦uk@Ç¨X_U]Ø®ªXÅæ¼üYs0ïëÛK¸t¤l¶ø±mÝSg È ÿCQVi êÝdoòA© ìf³¿â»x Omd|[N{mOÃ2Áü Õj<h Ö¥ ÷[
>~ _Y£^´ßfçR`Ø£æD¦ÍjµuòÎï(ôJôVYÑãÔÞB¦X½§h!Düi~üwIPÔTâ$ï¥:ûøïiV½AðÃ8+Mf¯ ÿ¥ 6ãì`Ààü»eNb Z sk`¼=Ñeéì$âhÕßÁåÜ´óË¹9Ù o+dº¸vÌÔXý¨ÄIÒï©§  :,Ú9].ªzJ &üîÓáÛêºþ+c|Z#ÇC¿ó;¡¶$çíÔ B7ý©/aØØ_û´}
ãº ÂAëÈfÑ> !Ð,û;±á{÷à®jwFlX[8-sãP;¡ÎD(pÓê_y¨øv¶f éêe9 Úm8B«2ÔlM´áÚÐÀ¦Z2;rí¿yªÝaÔ#Z ÎÔònµc¤ö9ºÅ{Ý«ÐnÒÎ56 í]Ã5þ´ ×³mWÁ2ø9Ü[ùý¥&C  Ñ^Y ô%Ôa%ÃíÓ×¾qr×ó)SÕÙ¨E`ÄJáWC¶Íw±ÀE)>¦Åèó°æ3  8è½äÌ
Ì0*; >$MÓ³ß§7þ /Ìu1L-ÍKr#ç¬Ò¢¨ãL,íSÓþåt¢bÐµ®E³ æ Zl90¯q0K¸w1O><Íoi8v½IúP Øàr ¨îù]}hJ#Á® ±Çó<à;Ä×#Ö| 5 %ÐáVçLõ}õÉ½µ¢Å¼rI]N»Óf ¾ÇK/hQÂ Õ~An9=FzõCí)Û°ZÑ ^Û1ÒÖ¼}<¡ðËó«/Ò³Áè|®¿HsÈ¢ä¢ V
tÏ VÍ7}B X]4;k8©^ hé4nåE   7 e|Û àdxRIÔL×ùEK(ùE-Zû ¶é WT  ËÄ l¿½à?¤OÙB!@´t¦ÄåË7n93Vw}ø ß#ÕÌ^íGHËQ$[Tdjö0oLìoáãÅÝN÷¹æÊZKr1W NóØãkÂc 7.;ÅÂf:y&yÄ°$øBÏÊV¡´EN×QÏwÆ/ê ×É[t;¤¾Ën·Ã£q«ZêFõ
¾>%ø¯§½Oû3ÁÃ  Ößc:Û2AÍåùÇ±zyz£ jB²JËNgÞtõeèÖøËæ¿ùÞzÄIrÍ¿h6g¾Ø+QRÛ<ü6Ã]¼w-1þØfdÀàÈ µÒMâ u$ÎÛQºø ÈD÷<wø £öúeÅ{UN~¬MúÌ ÷×¢W0±mnøQ{7¼PQÌXÝ×ú³p¬$xÿ°ð²è:Æ¥ûð9 ÌÒï· *lk ê¼ÝA`|ÝÓ§o×úªÓ {0ô
ËA+ú-Y@Öû¹F¦©ÆD Uv õåVL&:¤åÌðó¬¯¶è ,ÂRêÑl´k¥¯B¯Æl 0Õ)yµóÎÍ¼ð^l ¯ì8Ô<ø0Û =ö±«#H,^l©µVõxI_À üç^³øèÛòÌoòhÙÚöÒ0ýR xS<.åx4æÛôÿ<îÄð)j åWß%L Biåôî {z±] ôÐÁ y~9òÞówãQ÷2b oñg87÷`Ñûp½NÆãØàU
0  È´¨¨Íßübï²X? ðD)ÑxûÀïDüþ!m}.Ë*Óº(½ç=ó>â]ÔVÕ£ÑípûÖbÖ/ªÜÝ×jéQýøþ.E(ÀO<T áV RO4ñRß*Êt@v¤(«mþ-]´{Ux>F¦ºÆ ýdô:^  o¤AÀõtñn Ù  ä²³Úpn¬#=>uiß§Y´ßä¸>À@7ý2Üù7½xÅKú±MU6ûì:{çÉë7Ü¾äwîÑjð³PÚ¹
Ç( ¥²OlØot 6S1àð õsörê©u bäûDök Û ´6áØ¤þ;Kvp ø!¬Å¬ü©À´wËZ$ Î ºTù¯æÞfàD¥QÄ ¯¥L?s /%É@fÔj ½òñÏ¡¹¿Æ;±/`ù ½Sy`¨mCéH~Ø>B?âãHùtèº^Ô× bRº ôD|ü ÚÃ1ùÃ2ÙW¡Ûnç+óö$§÷N@èÚ u¨êqº{ø%÷»Sa¿øÆHë£î½
Áú½Ø ¬ÅÔ±IÛÅ^¤ßÁ+ÊjË^TÑ¾®´Õ{i ¦ $V áëPD^¿v´ø^éZet=yN:ºKÆ$Ù[;eË×©fëg¬,YY?¼Ù`MOKE= e|zgöâ®üã+ÂmK]DÝ/Ý¾{åäNS»bë&Ooü° ì+Ó*aBoO¥ÔLÚã¶0D ôºÓ5  çïGÅïÏ ùlÍùð6Öó«cOå|L©ïÒÀ>_QAï¶ï)×µ Ý ü8=
ÊåhsA1´âmKÁ! ÎÆ hk¬Ì`V$âqs:ù;×èva à¶ÁFcos:¢ ë? OrïÞ ÄßCEX¬Eäa ¸ §±éCû# *É%l-åï¨ÅÀ×û½>©Ûú¬z óÂ1 ]l¥°^Qî &WÉe  ;aë~±ø98]É#  ÙÐGA÷µF¶a°,¦Ç«0VÄ  Æ«²Hm¹Í¬ÊÔ^ÍhH[Pc$ :ÌçyúW÷ßºblöä7Íî(u¨
fKËÎÈ«±6 Î W*¦¯ ¾nÆ Ñ s Ñ@ä&] ÝVBk©ì*núö +Áxã×õ6ð}Ë$¦ÌèÒwS¸´Ö1°âôU`Û§®©% ís×asö%!ÌÛ$»(nôãá ÙÉ¿Î¡7ÐJëÁz0PìøÚü^uþýÕÏ£/Ñêì EZ2DE<ÿÿÝ$¥q»¤Uü5$ é³éYP3~0UÑàP¶¶.b«[SjÐÏ//B©]¦Ì¦½m£ó9UÀtÂÍá
D<Ó6XùédL] Ò>IÃ§ =SXD÷øÇ¼-lÕÕÎÏ ÎÒ)þQ°?«Ñ(#]U T;4v¥ HÑ>ÄÕÞM~rÊ9ç( 0L]Gt?ÐP5,,¹HùÓõ`# uIå  üÓv#}þAu0Î9å.r³÷¦o¬B²átª?µcL(ÿMãçTïÊV;Î ñ@TÛy|yÓAËwt#½¹g;ýñVÕO_Z¸þZ®êÙ  ÖUx >ÛëgÀiÀ?Ü¨d·:
º][ó»ºWI³/é¸¶ú<vç}VM,#èbÊ¤ZÅTæ¤È oXÙpk,G=T§®ªp¹Üïî [½>ÍÊØ fßDm hmÿ)ô Þ UØ L 2Ù!Ú½»/  HÎ¦» æÄ£ ÿPÒpv³[ÿ¥¥ Gfm ×Ødùy²-: Ílz~ñ6¢úóézôÿ: JOrZ-]j¢^j ß¡ãÝQû  ¸§ÖÏøTÄ4gå:íÜ:¿3Q§K¥#eÙ=¸
`Åfp{÷êÀQîÔ£{3ß½m%,Þ»Ý¬³â³ØÜ&DÆg²ÿØ S½Û¬Ø©®é->Øe~6HÞ¼þòOø¸{+¿í{¢`E%«$ÃQS[ïÔÅ }C¡aÌê©}ç9BÂ@ÉSåiã«á;N1s  cò gÈYöb ±ZÆúxz1ªÙÒ~ÅáÃ¦| ~5°&â×t*æ¨2àmáà K`  {¸Xä®ªa]¸ EÇ+ùp¤ õÛÌÐÜ»¸k¬ r}Ìä
q,Ì×ÅÍ^Ý:^éñ°Ád@¨ âdó ¨ªtÖ£áæißWÛãEÃïþ³Üpt/ú éÿÏNVþæå¡ú±lÐ ³H½`¸X¹N5c§Ê æâZ ÚÓ _ê ;Z |}ÌËDúØÎôâÊ/G¯+ Âã<×|n?g÷l¸ò4ßuS¬æâ3 *n¿7ù³}zwFÞ»÷&°}G©Mj×jÇìÍ»Ó§ÔÒ4·Ý9¼fpòPhû;G&k§ ]µNdÅøÍºíá¡
ÙÕÒJ#µªUópÔ© áßM®/ÈàôÕâ fS¹âyº}å¥¯} Jô¬×çùþ7ÿ(!±Tã SäHG×i6³fþrë2¯~` &yÎ¶XyÅ¢S? w¼-ÇåC2£ò@Ä¾BvU/¾bî!àü4è;-¸kN ngÃ%ÂI3§·ÝXÚAìUê+D- àu Ç ót ©_Ã^|êwæWá7½±Êë{1·¤ :Ð ¨Á NÃ&¦>Hü¼pc-&!ú
zW8áÊZð6e µQ ¢0¢3´YKc³9xV ñØïÒâÆÃUBÙ>ÿ R[ FCÐº¯5ð2 @ Ü~>¦ä_h þ×âÖ âôÚ4 Qh3Kó ¨öK*%Î§<íhÂ «ïâ|ÝZ9³y x¦WæX! )tüTo÷T9QÓFøÜT¶¡ÒWÑ©m, É¨g8 ÆLC¾ÈÞõ£znß]ðú óè3[»cÚ@yLÎ ÈÊN*²¬¹©4ì6ì¯ie<f×
¢fè|±rázâþb*5-Øó !øû õ=1ß? <Ï÷ Î|+y· M>ªè v _ÆP´Ò/ kÅÆ]ÔsÛ5µ¬Ý»{ezf¾² C²RæÅÓ½×¶<Õ°dò»à=·À 7ó9Dïù½¢uzî 2ù-íóÞ »È¬â¨0N)åoÓðåMñápØÜcìOór®qP3í°T×^þX5ôT¿ÿªRÀ§¦Üùùé«ôÙÊ&ÕÝÓ0MN[Ì~¬¤ðZüìu
3?4W¶ÝØr*}%  3|«¨,u´åÕp Q ¤xÖÖeÔQ½ØúÏLS¶dV°Z1}A£Å¢_¢Ëj¿d²ØÝ>jåvÕþ(ÏNÝ Z£î¥ ©núÉéÇ±ûûª¯ÂïÊaÖ¾ñ»5zeï÷Pp¸ÚæÍÇßpO:´ù¢ûø£æ{kÖ] ^¦FiA ùQ ÂØ©È>ÅìùÚPUÓlÛNïØH±Ú]Í1ÙîZ©Èáä0·Y½ÿ£ú°íîNc©üÉè¸
Awå3½ <øw?B¬Uª46P#_®AÜë«¾è ·ÈÕ¬VS3Pu:³Ô³iÿæiwÄçæ[ ¢°Zæ[À   Ö «^÷1<Ò¶¥8eæ HÕìµøÌ]j7»npYØO,É ÿ1ÁÄy1ÕLÿÈBtÊyÁH]x¹(â ko¤¤rÆ5s¿o Í§xßä¸á4F¸+: ÿò?d{Ç:Srà?õt}Ü?-ûÆf@Ü }¹ ÿÿñO « Öáûs¡$Ñ,ÉO
Äô¾Ï¤ ¢A,Ì!¬¸#ºe §ßgE¬©zLi¸.óÙ2> PoÁµ!Êb.9- ÆQMåù®^x6x¬N¡ºvSG S¶l*q×ü3ïã L) ð×=e÷s§Dõ®Ä¼ª³§#Ì½U çÈBêµâO]X÷.Õ* ³?©vx«ï6¡×£s tØ«·^_ f?1$ãÁß`ÚZ·Àu¬WÐÌ(Ø°ø{ c.vL©ºLÉ 1 % wJhcSÄñüË~^
¸äBVÆ¬ô.¡*Zø°ÒmxÎrwOîdïzØ`>µÜy¬,vØ(¤¿àút «íìÏd æx²¾c0nPùÑþÝæª;¨FØÓFµM¨l_ygÿ^^ª-jl¦ Ü¹BÀ%ô% Û%  Wÿà A;Z¹ÏÉþñÀ§ RyWØl¤(ìY5érLîøb¼%1U0Ô÷`ê¢îÅmüÒÊ|Ô3óÏÅø«Ø )vgåØz¤ÑdZ×`Ï §Á°]GþùÒ ±$
ì¿uVöáb@¾8Í§9 r9 ÎçHeò(ºçïQ:Ïçý¥ÃÂÎ#Ø *w×¤Ì²Asë æ¦J½àD#â¿g®9 aVRS 0gIôÙ×Pwò ·$àú â KVLw¡s£`m0¨ ~ÃhÃ,©fïQæ ÈY·¢&jv? É«É Æý7O1ËÌØrÙµ?séÝgIßh Hº <AûAÎÍ[9¤aágÂM`NYÄ8°Qgõ9±B¯ã$¹  à/ ßz
!°9w è C DwCÄÌ²8þÉ·LB B ^é¤6 4²¥ÅÔ{ÿãÊ),kµøÀ4[:E c¼êÞí)ákXMUÛéùlJF}»kÈl ;s bû?EÝkéLõñ[rÔ£-¿?V]êºåýÆO¸È¨4:çL:ãR³  Ç nãfO;  ËGGI3ÝºR <Úûßú ·3Y%9B(©»¾WÕmE¸À÷%§Ü,zæwÖªÛ ü¼×¢CÚÙûÎyÆnº
ÝÜr»¿Òrló÷étµeb«ß+bæéùi(¨!°îÎ{¨Úy°fÿ©³´è~Éê f< 3t¦ý vBNó#VÄ4úT3ÁfI</  Òâ#þ¶u ó¢´ÑËk i;kBºÍþÑt(²Ôw³gÏºo¶/U½uÉÍ2Ý1ÜîPÚh+RØ¤¸;m+| ;ô¥¦(q´ü¯é+í¹ à_¥ !¤èFËã£§HÀaÞ  a&rÛ  ¸ï¢»)ÿ<ðPGk)×O
{  AØ rü ¦¦pµZ×,Þ$ ÿ§£÷Á q ÄÅÏÇ×ß·rWW|õ! hÂë,Æ5/s ë pA; çÏï%~D9 ×0²3÷ ¦½ávvÇkOüqá¦øõ vCH×47C±}É%ë®u%Æð[#é[Ë¥3¼@D«§52eÉ ò¦ºÇì :¬} ¼kÄp GígoNWÓ(yÕ/ømÕ=Tãý¨C}*³»«®hë([>,Ö²°3°Y¿Ýo¥W
ÅÐö XdM öK§;Ð¦ÇiÌjEOàSßwDvJò-÷8æ£ID öø£mYË×c-§ cJ; ¸ ã--xªpo pÈB ]_n X½2ä  çÞ¿á 5¨ tã ´o&c.HüHÌ$eºÖ¸âV ^f·Zf¦ë¼Ù V2v4.1@ lúÒ¶xÓfÊ÷A®1WrvüØ]n/iÀA)+Ö±ØÈz 2#+jH è]Àî=g¬ F 2 |Ý8Ø·K´åÕ
æì¢HfaÍXOÓgð ç Ø¾Ó¶=_}V½´FëI}ÑåN8Þÿ1`biQ?Åa¬KÓ;Ëß¬s à K  %`³}KY÷à>ã  õe_f .2´öÒîÞW}jârKÈÈkqÛ×är©®Ü:·ü¤ß$ÍØã  ä¨,rìdýËH2MZ§~Bmxêä×Yo ö/`nb²îf&ÄY þJ/îúÆnt2Åp²1ë$ºòLÒ6JÓÍ ÿ 0°ÇMÑá¥2»®
.ÈÚÓ¸³çàÕHc×)Åìá>[ÓÚ²É´ ãÐr UØ*ä¾²  3üµqÅñ>/öWÜ0¿x Uá[Ê}:¿åýIA ÓUôx×¬Ô   ³I¢#qïBÅOO0Cc_c. ä9% ÁKCsìÛô=ïZ èt9 ìè»£R»g«ÔE&pôGE$/`:×ZííüZ}ÁâÉ¦,à²Õ¾Sº½9ÂË  t_T`õåI%9Gá&¤½/¹ï G.: $:m)0
;Ý&ùû¬ÌZ´àvu½*tÿyÄn¾ÝUJ¬OÛþ¦V¥wmú® òÍK¥|l¤P£aü®Ãl &2«+²«Wé¢à ¸l ØºCPåØ5AâMì¶iãÕíÑ¶1ÓH{oÒÐ B ~ü }È¤] É >â9Øjªì¿Ûëå/µùÜFél²Ì¹Axg qËe ôA âÈo ñHÑðF´ðLÖÚ´¦uk@Ç¨X_U]Ø®ªXÅæ¼üYs0ïëÛK¸t¤
l¶ø±mÝSg È ÿCQVi êÝdoòA© ìf³¿â»x Omd|[N{mOÃ2Áü Õj<h Ö¥ ÷[>~ _Y£^´ßfçR`Ø£æD¦ÍjµuòÎï(ôJôVYÑãÔÞB¦X½§h!Düi~üwIPÔTâ$ï¥:ûøïiV½AðÃ8+Mf¯ ÿ¥ 6ãì`Ààü»eNb Z sk`¼=Ñeéì$âhÕßÁåÜ´óË¹9Ù o+dº¸vÌÔXý
¨ÄIÒï©§  :,Ú9].ªzJ &üîÓáÛêºþ+c|Z#ÇC¿ó;¡¶$çíÔ B7ý©/aØØ_û´}ãº ÂAëÈfÑ> !Ð,û;±á{÷à®jwFlX[8-sãP;¡ÎD(pÓê_y¨øv¶f éêe9 Úm8B«2ÔlM´áÚÐÀ¦Z2;rí¿yªÝaÔ#Z ÎÔònµc¤ö9ºÅ{Ý«ÐnÒÎ56 í]Ã5þ´ ×³mWÁ2ø9Ü[ùý
¥&C  Ñ^Y ô%Ôa%ÃíÓ×¾qr×ó)SÕÙ¨E`ÄJáWC¶Íw±ÀE)>¦Åèó°æ3  8è½äÌÌ0*; >$MÓ³ß§7þ /Ìu1L-ÍKr#ç¬Ò¢¨ãL,íSÓþåt¢bÐµ®E³ æ Zl90¯q0K¸w1O><Íoi8v½IúP Øàr ¨îù]}hJ#Á® ±Çó<à;Ä×#Ö| 5 %ÐáVçLõ}õÉ½µ¢Å¼rI]N»
Óf ¾ÇK/hQÂ Õ~An9=FzõCí)Û°ZÑ ^Û1ÒÖ¼}<¡ðËó«/Ò³Áè|®¿HsÈ¢ä¢ VtÏ VÍ7}B X]4;k8©^ hé4nåE   7 e|Û àdxRIÔL×ùEK(ùE-Zû ¶é WT  ËÄ l¿½à?¤OÙB!@´t¦ÄåË7n93Vw}ø ß#ÕÌ^íGHËQ$[Tdjö0oLìoáãÅÝN÷¹æÊZKr1W
NóØãkÂc 7.;ÅÂf:y&yÄ°$øBÏÊV¡´EN×QÏwÆ/ê ×É[t;¤¾Ën·Ã£q«ZêFõ¾>%ø¯§½Oû3ÁÃ  Ößc:Û2AÍåùÇ±zyz£ jB²JËNgÞtõeèÖøËæ¿ùÞzÄIrÍ¿h6g¾Ø+QRÛ<ü6Ã]¼w-1þØfdÀàÈ µÒMâ u$ÎÛQºø ÈD÷<wø £öúeÅ{UN~¬MúÌ ÷×¢W0±m
nøQ{7¼PQÌXÝ×ú³p¬$xÿ°ð²è:Æ¥ûð9 ÌÒï· *lk ê¼ÝA`|ÝÓ§o×úªÓ {0ôËA+ú-Y@Öû¹F¦©ÆD Uv õåVL&:¤åÌðó¬¯¶è ,ÂRêÑl´k¥¯B¯Æl 0Õ)yµóÎÍ¼ð^l ¯ì8Ô<ø0Û =ö±«#H,^l©µVõxI_À üç^³øèÛòÌoòhÙÚöÒ0ýR xS<.åx4æÛôÿ<
îÄð)j åWß%L Biåôî {z±] ôÐÁ y~9òÞówãQ÷2b oñg87÷`Ñûp½NÆãØàU0  È´¨¨Íßübï²X? ðD)ÑxûÀïDüþ!m}.Ë*Óº(½ç=ó>â]ÔVÕ£ÑípûÖbÖ/ªÜÝ×jéQýøþ.E(ÀO<T áV RO4ñRß*Êt@v¤(«mþ-]´{Ux>F¦ºÆ ýdô:^  o¤AÀõtñn Ù
ä²³Úpn¬#=>uiß§Y´ßä¸>À@7ý2Üù7½xÅKú±MU6ûì:{çÉë7Ü¾äwîÑjð³PÚ¹Ç( ¥²OlØot 6S1àð õsörê©u bäûDök Û ´6áØ¤þ;Kvp ø!¬Å¬ü©À´wËZ$ Î ºTù¯æÞfàD¥QÄ ¯¥L?s /%É@fÔj ½òñÏ¡¹¿Æ;±/`ù ½Sy`¨mCéH~Ø>B?âãHùtè
º^Ô× bRº ôD|ü ÚÃ1ùÃ2ÙW¡Ûnç+óö$§÷N@èÚ u¨êqº{ø%÷»Sa¿øÆHë£î½Áú½Ø ¬ÅÔ±IÛÅ^¤ßÁ+ÊjË^TÑ¾®´Õ{i ¦ $V áëPD^¿v´ø^éZet=yN:ºKÆ$Ù[;eË×©fëg¬,YY?¼Ù`MOKE= e|zgöâ®üã+ÂmK]DÝ/Ý¾{åäNS»bë&Ooü° ì+Ó*aBo
O¥ÔLÚã¶0D ôºÓ5  çïGÅïÏ ùlÍùð6Öó«cOå|L©ïÒÀ>_QAï¶ï)×µ Ý ü8= ÊåhsA1´âmKÁ! ÎÆ hk¬Ì`V$âqs:ù;×èva à¶ÁFcos:¢ ë? OrïÞ ÄßCEX¬Eäa ¸ §±éCû# *É%l-åï¨ÅÀ×û½>©Ûú¬z óÂ1 ]l¥°^Qî &WÉe  ;aë~±ø98]É#
ÙÐGA÷µF¶a°,¦Ç«0VÄ  Æ«²Hm¹Í¬ÊÔ^ÍhH[Pc$ :ÌçyúW÷ßºblöä7Íî(u¨fKËÎÈ«±6 Î W*¦¯ ¾nÆ Ñ s Ñ@ä&] ÝVBk©ì*núö +Áxã×õ6ð}Ë$¦ÌèÒwS¸´Ö1°âôU`Û§®©% ís×asö%!ÌÛ$»(nôãá ÙÉ¿Î¡7ÐJëÁz0PìøÚü^uþýÕÏ£/Ñêì EZ2
DE<ÿÿÝ$¥q»¤Uü5$ é³éYP3~0UÑàP¶¶.b«[SjÐÏ//B©]¦Ì¦½m£ó9UÀtÂÍáD<Ó6XùédL] Ò>IÃ§ =SXD÷øÇ¼-lÕÕÎÏ ÎÒ)þQ°?«Ñ(#]U T;4v¥ HÑ>ÄÕÞM~rÊ9ç( 0L]Gt?ÐP5,,¹HùÓõ`# uIå  üÓv#}þAu0Î9å.r³÷¦o¬B²átª?µcL(ÿMã
çTïÊV;Î ñ@TÛy|yÓAËwt#½¹g;ýñVÕO_Z¸þZ®êÙ  ÖUx >ÛëgÀiÀ?Ü¨d·: º][ó»ºWI³/é¸¶ú<vç}VM,#èbÊ¤ZÅTæ¤È oXÙpk,G=T§®ªp¹Üïî [½>ÍÊØ fßDm hmÿ)ô Þ UØ L 2Ù!Ú½»/  HÎ¦» æÄ£ ÿPÒpv³[ÿ¥¥ Gfm ×Ødùy²-: Ílz
~ñ6¢úóézôÿ: JOrZ-]j¢^j ß¡ãÝQû  ¸§ÖÏøTÄ4gå:íÜ:¿3Q§K¥#eÙ=¸`Åfp{÷êÀQîÔ£{3ß½m%,Þ»Ý¬³â³ØÜ&DÆg²ÿØ S½Û¬Ø©®é->Øe~6HÞ¼þòOø¸{+¿í{¢`E%«$ÃQS[ïÔÅ }C¡aÌê©}ç9BÂ@ÉSåiã«á;N1s  cò gÈYöb ±ZÆúxz1ªÙÒ~
ÅáÃ¦| ~5°&â×t*æ¨2àmáà K`  {¸Xä®ªa]¸ EÇ+ùp¤ õÛÌÐÜ»¸k¬ r}Ìäq,Ì×ÅÍ^Ý:^éñ°Ád@¨ âdó ¨ªtÖ£áæißWÛãEÃïþ³Üpt/ú éÿÏNVþæå¡ú±lÐ ³H½`¸X¹N5c§Ê æâZ ÚÓ _ê ;Z |}ÌËDúØÎôâÊ/G¯+ Âã<×|n?g÷l¸ò4ßuS¬æâ3 *
n¿7ù³}zwFÞ»÷&°}G©Mj×jÇìÍ»Ó§ÔÒ4·Ý9¼fpòPhû;G&k§ ]µNdÅøÍºíá¡ÙÕÒJ#µªUópÔ© áßM®/ÈàôÕâ fS¹âyº}å¥¯} Jô¬×çùþ7ÿ(!±Tã SäHG×i6³fþrë2¯~` &yÎ¶XyÅ¢S? w¼-ÇåC2£ò@Ä¾BvU/¾bî!àü4è;-¸kN ngÃ%ÂI3§·ÝXÚ
AìUê+D- àu Ç ót ©_Ã^|êwæWá7½±Êë{1·¤ :Ð ¨Á NÃ&¦>Hü¼pc-&!úzW8áÊZð6e µQ ¢0¢3´YKc³9xV ñØïÒâÆÃUBÙ>ÿ R[ FCÐº¯5ð2 @ Ü~>¦ä_h þ×âÖ âôÚ4 Qh3Kó ¨öK*%Î§<íhÂ «ïâ|ÝZ9³y x¦WæX! )tüTo÷T9QÓFøÜT¶¡Ò
WÑ©m, É¨g8 ÆLC¾ÈÞõ£znß]ðú óè3[»cÚ@yLÎ ÈÊN*²¬¹©4ì6ì¯ie<f× ¢fè|±rázâþb*5-Øó !øû õ=1ß? <Ï÷ Î|+y· M>ªè v _ÆP´Ò/ kÅÆ]ÔsÛ5µ¬Ý»{ezf¾² C²RæÅÓ½×¶<Õ°dò»à=·À 7ó9Dïù½¢uzî 2ù-íóÞ »È¬â¨0N)åoÓðåM
ñápØÜcìOór®qP3í°T×^þX5ôT¿ÿªRÀ§¦Üùùé«ôÙÊ&ÕÝÓ0MN[Ì~¬¤ðZüìu3?4W¶ÝØr*}%  3|«¨,u´åÕp Q ¤xÖÖeÔQ½ØúÏLS¶dV°Z1}A£Å¢_¢Ëj¿d²ØÝ>jåvÕþ(ÏNÝ Z£î¥ ©núÉéÇ±ûûª¯ÂïÊaÖ¾ñ»5zeï÷Pp¸ÚæÍÇßpO:´ù¢ûø£æ{kÖ]
^¦FiA ùQ ÂØ©È>ÅìùÚPUÓlÛNïØH±Ú]Í1ÙîZ©Èáä0·Y½ÿ£ú°íîNc©üÉè¸Awå3½ <øw?B¬Uª46P#_®AÜë«¾è ·ÈÕ¬VS3Pu:³Ô³iÿæiwÄçæ[ ¢°Zæ[À   Ö «^÷1<Ò¶¥8eæ HÕìµøÌ]j7»npYØO,É ÿ1ÁÄy1ÕLÿÈBtÊyÁH]x¹(â ko¤¤rÆ5s¿o
Í§xßä¸á4F¸+: ÿò?d{Ç:Srà?õt}Ü?-ûÆf@Ü }¹ ÿÿñO « Öáûs¡$Ñ,ÉOÄô¾Ï¤ ¢A,Ì!¬¸#ºe §ßgE¬©zLi¸.óÙ2> PoÁµ!Êb.9- ÆQMåù®^x6x¬N¡ºvSG S¶l*q×ü3ïã L) ð×=e÷s§Dõ®Ä¼ª³§#Ì½U çÈBêµâO]X÷.Õ* ³?©vx«ï6¡×
£s tØ«·^_ f?1$ãÁß`ÚZ·Àu¬WÐÌ(Ø°ø{ c.vL©ºLÉ 1 % wJhcSÄñüË~^ ¸äBVÆ¬ô.¡*Zø°ÒmxÎrwOîdïzØ`>µÜy¬,vØ(¤¿àút «íìÏd æx²¾c0nPùÑþÝæª;¨FØÓFµM¨l_ygÿ^^ª-jl¦ Ü¹BÀ%ô% Û%  Wÿà A;Z¹ÏÉþñÀ§ RyWØl¤(ìY5é
rLîøb¼%1U0Ô÷`ê¢îÅmüÒÊ|Ô3óÏÅø«Ø )vgåØz¤ÑdZ×`Ï §Á°]GþùÒ ±$ì¿uVöáb@¾8Í§9 r9 ÎçHeò(ºçïQ:Ïçý¥ÃÂÎ#Ø *w×¤Ì²Asë æ¦J½àD#â¿g®9 aVRS 0gIôÙ×Pwò ·$àú â KVLw¡s£`m0¨ ~ÃhÃ,©fïQæ ÈY·¢&jv? É«É Æý7O
1ËÌØrÙµ?séÝgIßh Hº <AûAÎÍ[9¤aágÂM`NYÄ8°Qgõ9±B¯ã$¹  à/ ßz!°9w è C DwCÄÌ²8þÉ·LB B ^é¤6 4²¥ÅÔ{ÿãÊ),kµøÀ4[:E c¼êÞí)ákXMUÛéùlJF}»kÈl ;s bû?EÝkéLõñ[rÔ£-¿?V]êºåýÆO¸È¨4:çL:ãR³  Ç nãfO;
ËGGI3ÝºR <Úûßú ·3Y%9B(©»¾WÕmE¸À÷%§Ü,zæwÖªÛ ü¼×¢CÚÙûÎyÆnºÝÜr»¿Òrló÷étµeb«ß+bæéùi(¨!°îÎ{¨Úy°fÿ©³´è~Éê f< 3t¦ý vBNó#VÄ4úT3ÁfI</  Òâ#þ¶u ó¢´ÑËk i;kBºÍþÑt(²Ôw³gÏºo¶/U½uÉÍ2Ý1ÜîPÚh+RØ¤¸
;m+| ;ô¥¦(q´ü¯é+í¹ à_¥ !¤èFËã£§HÀaÞ  a&rÛ  ¸ï¢»)ÿ<ðPGk)×O{  AØ rü ¦¦pµZ×,Þ$ ÿ§£÷Á q ÄÅÏÇ×ß·rWW|õ! hÂë,Æ5/s ë pA; çÏï%~D9 ×0²3÷ ¦½ávvÇkOüqá¦øõ vCH×47C±}É%ë®u%Æð[#é[Ë¥3¼@D«§52eÉ ò
¦ºÇì :¬} ¼kÄp GígoNWÓ(yÕ/ømÕ=Tãý¨C}*³»«®hë([>,Ö²°3°Y¿Ýo¥W ÅÐö XdM öK§;Ð¦ÇiÌjEOàSßwDvJò-÷8æ£ID öø£mYË×c-§ cJ; ¸ ã--xªpo pÈB ]_n X½2ä  çÞ¿á 5¨ tã ´o&c.HüHÌ$eºÖ¸âV ^f·Zf¦ë¼Ù V2v4.1@ l
úÒ¶xÓfÊ÷A®1WrvüØ]n/iÀA)+Ö±ØÈz 2#+jH è]Àî=g¬ F 2 |Ý8Ø·K´åÕæì¢HfaÍXOÓgð ç Ø¾Ó¶=_}V½´FëI}ÑåN8Þÿ1`biQ?Åa¬KÓ;Ëß¬s à K  %`³}KY÷à>ã  õe_f .2´öÒîÞW}jârKÈÈkqÛ×är©®Ü:·ü¤ß$ÍØã  ä¨,rìdýËH2MZ§~
Bmxêä×Yo ö/`nb²îf&ÄY þJ/îúÆnt2Åp²1ë$ºòLÒ6JÓÍ ÿ 0°ÇMÑá¥2»®.ÈÚÓ¸³çàÕHc×)Åìá>[ÓÚ²É´ ãÐr UØ*ä¾²  3üµqÅñ>/öWÜ0¿x Uá[Ê}:¿åýIA ÓUôx×¬Ô   ³I¢#qïBÅOO0Cc_c. ä9% ÁKCsìÛô=ïZ èt9 ìè»£R»g«ÔE&pô
GE$/`:×ZííüZ}ÁâÉ¦,à²Õ¾Sº½9ÂË  t_T`õåI%9Gá&¤½/¹ï G.: $:m)0;Ý&ùû¬ÌZ´àvu½*tÿyÄn¾ÝUJ¬OÛþ¦V¥wmú® òÍK¥|l¤P£aü®Ãl &2«+²«Wé¢à ¸l ØºCPåØ5AâMì¶iãÕíÑ¶1ÓH{oÒÐ B ~ü }È¤] É >â9Øjªì¿Ûëå/µùÜFél
²Ì¹Axg qËe ôA âÈo ñHÑðF´ðLÖÚ´¦uk@Ç¨X_U]Ø®ªXÅæ¼üYs0ïëÛK¸t¤l¶ø±mÝSg È ÿCQVi êÝdoòA© ìf³¿â»x Omd|[N{mOÃ2Áü Õj<h Ö¥ ÷[>~ _Y£^´ßfçR`Ø£æD¦ÍjµuòÎï(ôJôVYÑãÔÞB¦X½§h!Düi~üwIPÔTâ$ï¥:ûøïiV½AðÃ
8+Mf¯ ÿ¥ 6ãì`Ààü»eNb Z sk`¼=Ñeéì$âhÕßÁåÜ´óË¹9Ù o+dº¸vÌÔXý¨ÄIÒï©§  :,Ú9].ªzJ &üîÓáÛêºþ+c|Z#ÇC¿ó;¡¶$çíÔ B7ý©/aØØ_û´}ãº ÂAëÈfÑ> !Ð,û;±á{÷à®jwFlX[8-sãP;¡ÎD(pÓê_y¨øv¶f éêe9 Úm8B«2ÔlM´áÚ
▲
▼
